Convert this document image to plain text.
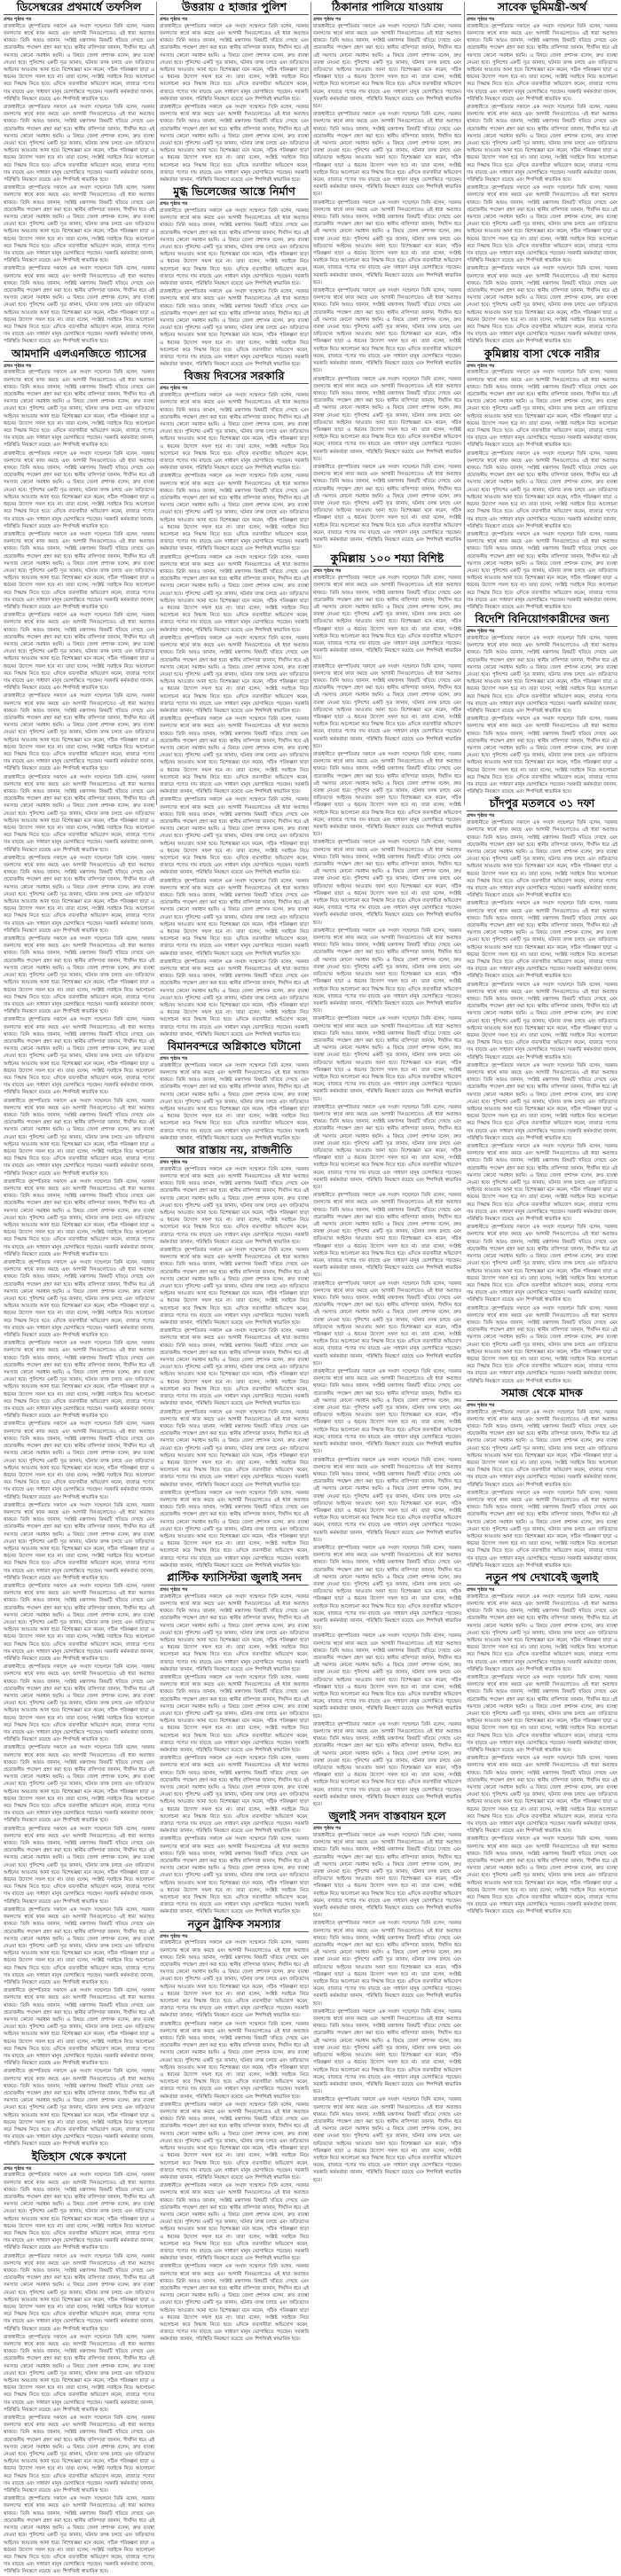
ডিসেম্বরের প্রথমার্ধে তফসিল
প্রথম পৃষ্ঠার পর

রাজধানীতে বৃহস্পতিবার সকালে এক সংবাদ সম্মেলনে তিনি বলেন, সরকার জনগণের স্বার্থে কাজ করছে এবং আগামী দিনগুলোতেও এই ধারা অব্যাহত থাকবে। তিনি আরও জানান, সংশ্লিষ্ট মন্ত্রণালয় বিষয়টি খতিয়ে দেখছে এবং প্রয়োজনীয় পদক্ষেপ গ্রহণ করা হবে। স্থানীয় বাসিন্দারা জানান, দীর্ঘদিন ধরে এই সমস্যার কোনো সমাধান হয়নি। এ বিষয়ে জেলা প্রশাসক বলেন, দ্রুত ব্যবস্থা নেওয়া হবে। পুলিশের একটি সূত্র জানায়, ঘটনার তদন্ত চলছে এবং জড়িতদের আইনের আওতায় আনা হবে। বিশেষজ্ঞরা মনে করেন, সঠিক পরিকল্পনা ছাড়া এ ধরনের উদ্যোগ সফল হবে না। তারা বলেন, সংশ্লিষ্ট সবাইকে নিয়ে আলোচনা করে সিদ্ধান্ত নিতে হবে। এদিকে ব্যবসায়ীরা অভিযোগ করেন, বাজারে পণ্যের দাম বাড়ছে এবং সাধারণ মানুষ ভোগান্তিতে পড়ছেন। সরকারি কর্মকর্তারা জানান, পরিস্থিতি নিয়ন্ত্রণে রয়েছে এবং শিগগিরই স্বাভাবিক হবে।

রাজধানীতে বৃহস্পতিবার সকালে এক সংবাদ সম্মেলনে তিনি বলেন, সরকার জনগণের স্বার্থে কাজ করছে এবং আগামী দিনগুলোতেও এই ধারা অব্যাহত থাকবে। তিনি আরও জানান, সংশ্লিষ্ট মন্ত্রণালয় বিষয়টি খতিয়ে দেখছে এবং প্রয়োজনীয় পদক্ষেপ গ্রহণ করা হবে। স্থানীয় বাসিন্দারা জানান, দীর্ঘদিন ধরে এই সমস্যার কোনো সমাধান হয়নি। এ বিষয়ে জেলা প্রশাসক বলেন, দ্রুত ব্যবস্থা নেওয়া হবে। পুলিশের একটি সূত্র জানায়, ঘটনার তদন্ত চলছে এবং জড়িতদের আইনের আওতায় আনা হবে। বিশেষজ্ঞরা মনে করেন, সঠিক পরিকল্পনা ছাড়া এ ধরনের উদ্যোগ সফল হবে না। তারা বলেন, সংশ্লিষ্ট সবাইকে নিয়ে আলোচনা করে সিদ্ধান্ত নিতে হবে। এদিকে ব্যবসায়ীরা অভিযোগ করেন, বাজারে পণ্যের দাম বাড়ছে এবং সাধারণ মানুষ ভোগান্তিতে পড়ছেন। সরকারি কর্মকর্তারা জানান, পরিস্থিতি নিয়ন্ত্রণে রয়েছে এবং শিগগিরই স্বাভাবিক হবে।

রাজধানীতে বৃহস্পতিবার সকালে এক সংবাদ সম্মেলনে তিনি বলেন, সরকার জনগণের স্বার্থে কাজ করছে এবং আগামী দিনগুলোতেও এই ধারা অব্যাহত থাকবে। তিনি আরও জানান, সংশ্লিষ্ট মন্ত্রণালয় বিষয়টি খতিয়ে দেখছে এবং প্রয়োজনীয় পদক্ষেপ গ্রহণ করা হবে। স্থানীয় বাসিন্দারা জানান, দীর্ঘদিন ধরে এই সমস্যার কোনো সমাধান হয়নি। এ বিষয়ে জেলা প্রশাসক বলেন, দ্রুত ব্যবস্থা নেওয়া হবে। পুলিশের একটি সূত্র জানায়, ঘটনার তদন্ত চলছে এবং জড়িতদের আইনের আওতায় আনা হবে। বিশেষজ্ঞরা মনে করেন, সঠিক পরিকল্পনা ছাড়া এ ধরনের উদ্যোগ সফল হবে না। তারা বলেন, সংশ্লিষ্ট সবাইকে নিয়ে আলোচনা করে সিদ্ধান্ত নিতে হবে। এদিকে ব্যবসায়ীরা অভিযোগ করেন, বাজারে পণ্যের দাম বাড়ছে এবং সাধারণ মানুষ ভোগান্তিতে পড়ছেন। সরকারি কর্মকর্তারা জানান, পরিস্থিতি নিয়ন্ত্রণে রয়েছে এবং শিগগিরই স্বাভাবিক হবে।

রাজধানীতে বৃহস্পতিবার সকালে এক সংবাদ সম্মেলনে তিনি বলেন, সরকার জনগণের স্বার্থে কাজ করছে এবং আগামী দিনগুলোতেও এই ধারা অব্যাহত থাকবে। তিনি আরও জানান, সংশ্লিষ্ট মন্ত্রণালয় বিষয়টি খতিয়ে দেখছে এবং প্রয়োজনীয় পদক্ষেপ গ্রহণ করা হবে। স্থানীয় বাসিন্দারা জানান, দীর্ঘদিন ধরে এই সমস্যার কোনো সমাধান হয়নি। এ বিষয়ে জেলা প্রশাসক বলেন, দ্রুত ব্যবস্থা নেওয়া হবে। পুলিশের একটি সূত্র জানায়, ঘটনার তদন্ত চলছে এবং জড়িতদের আইনের আওতায় আনা হবে। বিশেষজ্ঞরা মনে করেন, সঠিক পরিকল্পনা ছাড়া এ ধরনের উদ্যোগ সফল হবে না। তারা বলেন, সংশ্লিষ্ট সবাইকে নিয়ে আলোচনা করে সিদ্ধান্ত নিতে হবে। এদিকে ব্যবসায়ীরা অভিযোগ করেন, বাজারে পণ্যের দাম বাড়ছে এবং সাধারণ মানুষ ভোগান্তিতে পড়ছেন। সরকারি কর্মকর্তারা জানান, পরিস্থিতি নিয়ন্ত্রণে রয়েছে এবং শিগগিরই স্বাভাবিক হবে।

আমদানি এলএনজিতে গ্যাসের
প্রথম পৃষ্ঠার পর

রাজধানীতে বৃহস্পতিবার সকালে এক সংবাদ সম্মেলনে তিনি বলেন, সরকার জনগণের স্বার্থে কাজ করছে এবং আগামী দিনগুলোতেও এই ধারা অব্যাহত থাকবে। তিনি আরও জানান, সংশ্লিষ্ট মন্ত্রণালয় বিষয়টি খতিয়ে দেখছে এবং প্রয়োজনীয় পদক্ষেপ গ্রহণ করা হবে। স্থানীয় বাসিন্দারা জানান, দীর্ঘদিন ধরে এই সমস্যার কোনো সমাধান হয়নি। এ বিষয়ে জেলা প্রশাসক বলেন, দ্রুত ব্যবস্থা নেওয়া হবে। পুলিশের একটি সূত্র জানায়, ঘটনার তদন্ত চলছে এবং জড়িতদের আইনের আওতায় আনা হবে। বিশেষজ্ঞরা মনে করেন, সঠিক পরিকল্পনা ছাড়া এ ধরনের উদ্যোগ সফল হবে না। তারা বলেন, সংশ্লিষ্ট সবাইকে নিয়ে আলোচনা করে সিদ্ধান্ত নিতে হবে। এদিকে ব্যবসায়ীরা অভিযোগ করেন, বাজারে পণ্যের দাম বাড়ছে এবং সাধারণ মানুষ ভোগান্তিতে পড়ছেন। সরকারি কর্মকর্তারা জানান, পরিস্থিতি নিয়ন্ত্রণে রয়েছে এবং শিগগিরই স্বাভাবিক হবে।

রাজধানীতে বৃহস্পতিবার সকালে এক সংবাদ সম্মেলনে তিনি বলেন, সরকার জনগণের স্বার্থে কাজ করছে এবং আগামী দিনগুলোতেও এই ধারা অব্যাহত থাকবে। তিনি আরও জানান, সংশ্লিষ্ট মন্ত্রণালয় বিষয়টি খতিয়ে দেখছে এবং প্রয়োজনীয় পদক্ষেপ গ্রহণ করা হবে। স্থানীয় বাসিন্দারা জানান, দীর্ঘদিন ধরে এই সমস্যার কোনো সমাধান হয়নি। এ বিষয়ে জেলা প্রশাসক বলেন, দ্রুত ব্যবস্থা নেওয়া হবে। পুলিশের একটি সূত্র জানায়, ঘটনার তদন্ত চলছে এবং জড়িতদের আইনের আওতায় আনা হবে। বিশেষজ্ঞরা মনে করেন, সঠিক পরিকল্পনা ছাড়া এ ধরনের উদ্যোগ সফল হবে না। তারা বলেন, সংশ্লিষ্ট সবাইকে নিয়ে আলোচনা করে সিদ্ধান্ত নিতে হবে। এদিকে ব্যবসায়ীরা অভিযোগ করেন, বাজারে পণ্যের দাম বাড়ছে এবং সাধারণ মানুষ ভোগান্তিতে পড়ছেন। সরকারি কর্মকর্তারা জানান, পরিস্থিতি নিয়ন্ত্রণে রয়েছে এবং শিগগিরই স্বাভাবিক হবে।

রাজধানীতে বৃহস্পতিবার সকালে এক সংবাদ সম্মেলনে তিনি বলেন, সরকার জনগণের স্বার্থে কাজ করছে এবং আগামী দিনগুলোতেও এই ধারা অব্যাহত থাকবে। তিনি আরও জানান, সংশ্লিষ্ট মন্ত্রণালয় বিষয়টি খতিয়ে দেখছে এবং প্রয়োজনীয় পদক্ষেপ গ্রহণ করা হবে। স্থানীয় বাসিন্দারা জানান, দীর্ঘদিন ধরে এই সমস্যার কোনো সমাধান হয়নি। এ বিষয়ে জেলা প্রশাসক বলেন, দ্রুত ব্যবস্থা নেওয়া হবে। পুলিশের একটি সূত্র জানায়, ঘটনার তদন্ত চলছে এবং জড়িতদের আইনের আওতায় আনা হবে। বিশেষজ্ঞরা মনে করেন, সঠিক পরিকল্পনা ছাড়া এ ধরনের উদ্যোগ সফল হবে না। তারা বলেন, সংশ্লিষ্ট সবাইকে নিয়ে আলোচনা করে সিদ্ধান্ত নিতে হবে। এদিকে ব্যবসায়ীরা অভিযোগ করেন, বাজারে পণ্যের দাম বাড়ছে এবং সাধারণ মানুষ ভোগান্তিতে পড়ছেন। সরকারি কর্মকর্তারা জানান, পরিস্থিতি নিয়ন্ত্রণে রয়েছে এবং শিগগিরই স্বাভাবিক হবে।

রাজধানীতে বৃহস্পতিবার সকালে এক সংবাদ সম্মেলনে তিনি বলেন, সরকার জনগণের স্বার্থে কাজ করছে এবং আগামী দিনগুলোতেও এই ধারা অব্যাহত থাকবে। তিনি আরও জানান, সংশ্লিষ্ট মন্ত্রণালয় বিষয়টি খতিয়ে দেখছে এবং প্রয়োজনীয় পদক্ষেপ গ্রহণ করা হবে। স্থানীয় বাসিন্দারা জানান, দীর্ঘদিন ধরে এই সমস্যার কোনো সমাধান হয়নি। এ বিষয়ে জেলা প্রশাসক বলেন, দ্রুত ব্যবস্থা নেওয়া হবে। পুলিশের একটি সূত্র জানায়, ঘটনার তদন্ত চলছে এবং জড়িতদের আইনের আওতায় আনা হবে। বিশেষজ্ঞরা মনে করেন, সঠিক পরিকল্পনা ছাড়া এ ধরনের উদ্যোগ সফল হবে না। তারা বলেন, সংশ্লিষ্ট সবাইকে নিয়ে আলোচনা করে সিদ্ধান্ত নিতে হবে। এদিকে ব্যবসায়ীরা অভিযোগ করেন, বাজারে পণ্যের দাম বাড়ছে এবং সাধারণ মানুষ ভোগান্তিতে পড়ছেন। সরকারি কর্মকর্তারা জানান, পরিস্থিতি নিয়ন্ত্রণে রয়েছে এবং শিগগিরই স্বাভাবিক হবে।

রাজধানীতে বৃহস্পতিবার সকালে এক সংবাদ সম্মেলনে তিনি বলেন, সরকার জনগণের স্বার্থে কাজ করছে এবং আগামী দিনগুলোতেও এই ধারা অব্যাহত থাকবে। তিনি আরও জানান, সংশ্লিষ্ট মন্ত্রণালয় বিষয়টি খতিয়ে দেখছে এবং প্রয়োজনীয় পদক্ষেপ গ্রহণ করা হবে। স্থানীয় বাসিন্দারা জানান, দীর্ঘদিন ধরে এই সমস্যার কোনো সমাধান হয়নি। এ বিষয়ে জেলা প্রশাসক বলেন, দ্রুত ব্যবস্থা নেওয়া হবে। পুলিশের একটি সূত্র জানায়, ঘটনার তদন্ত চলছে এবং জড়িতদের আইনের আওতায় আনা হবে। বিশেষজ্ঞরা মনে করেন, সঠিক পরিকল্পনা ছাড়া এ ধরনের উদ্যোগ সফল হবে না। তারা বলেন, সংশ্লিষ্ট সবাইকে নিয়ে আলোচনা করে সিদ্ধান্ত নিতে হবে। এদিকে ব্যবসায়ীরা অভিযোগ করেন, বাজারে পণ্যের দাম বাড়ছে এবং সাধারণ মানুষ ভোগান্তিতে পড়ছেন। সরকারি কর্মকর্তারা জানান, পরিস্থিতি নিয়ন্ত্রণে রয়েছে এবং শিগগিরই স্বাভাবিক হবে।

রাজধানীতে বৃহস্পতিবার সকালে এক সংবাদ সম্মেলনে তিনি বলেন, সরকার জনগণের স্বার্থে কাজ করছে এবং আগামী দিনগুলোতেও এই ধারা অব্যাহত থাকবে। তিনি আরও জানান, সংশ্লিষ্ট মন্ত্রণালয় বিষয়টি খতিয়ে দেখছে এবং প্রয়োজনীয় পদক্ষেপ গ্রহণ করা হবে। স্থানীয় বাসিন্দারা জানান, দীর্ঘদিন ধরে এই সমস্যার কোনো সমাধান হয়নি। এ বিষয়ে জেলা প্রশাসক বলেন, দ্রুত ব্যবস্থা নেওয়া হবে। পুলিশের একটি সূত্র জানায়, ঘটনার তদন্ত চলছে এবং জড়িতদের আইনের আওতায় আনা হবে। বিশেষজ্ঞরা মনে করেন, সঠিক পরিকল্পনা ছাড়া এ ধরনের উদ্যোগ সফল হবে না। তারা বলেন, সংশ্লিষ্ট সবাইকে নিয়ে আলোচনা করে সিদ্ধান্ত নিতে হবে। এদিকে ব্যবসায়ীরা অভিযোগ করেন, বাজারে পণ্যের দাম বাড়ছে এবং সাধারণ মানুষ ভোগান্তিতে পড়ছেন। সরকারি কর্মকর্তারা জানান, পরিস্থিতি নিয়ন্ত্রণে রয়েছে এবং শিগগিরই স্বাভাবিক হবে।

রাজধানীতে বৃহস্পতিবার সকালে এক সংবাদ সম্মেলনে তিনি বলেন, সরকার জনগণের স্বার্থে কাজ করছে এবং আগামী দিনগুলোতেও এই ধারা অব্যাহত থাকবে। তিনি আরও জানান, সংশ্লিষ্ট মন্ত্রণালয় বিষয়টি খতিয়ে দেখছে এবং প্রয়োজনীয় পদক্ষেপ গ্রহণ করা হবে। স্থানীয় বাসিন্দারা জানান, দীর্ঘদিন ধরে এই সমস্যার কোনো সমাধান হয়নি। এ বিষয়ে জেলা প্রশাসক বলেন, দ্রুত ব্যবস্থা নেওয়া হবে। পুলিশের একটি সূত্র জানায়, ঘটনার তদন্ত চলছে এবং জড়িতদের আইনের আওতায় আনা হবে। বিশেষজ্ঞরা মনে করেন, সঠিক পরিকল্পনা ছাড়া এ ধরনের উদ্যোগ সফল হবে না। তারা বলেন, সংশ্লিষ্ট সবাইকে নিয়ে আলোচনা করে সিদ্ধান্ত নিতে হবে। এদিকে ব্যবসায়ীরা অভিযোগ করেন, বাজারে পণ্যের দাম বাড়ছে এবং সাধারণ মানুষ ভোগান্তিতে পড়ছেন। সরকারি কর্মকর্তারা জানান, পরিস্থিতি নিয়ন্ত্রণে রয়েছে এবং শিগগিরই স্বাভাবিক হবে।

রাজধানীতে বৃহস্পতিবার সকালে এক সংবাদ সম্মেলনে তিনি বলেন, সরকার জনগণের স্বার্থে কাজ করছে এবং আগামী দিনগুলোতেও এই ধারা অব্যাহত থাকবে। তিনি আরও জানান, সংশ্লিষ্ট মন্ত্রণালয় বিষয়টি খতিয়ে দেখছে এবং প্রয়োজনীয় পদক্ষেপ গ্রহণ করা হবে। স্থানীয় বাসিন্দারা জানান, দীর্ঘদিন ধরে এই সমস্যার কোনো সমাধান হয়নি। এ বিষয়ে জেলা প্রশাসক বলেন, দ্রুত ব্যবস্থা নেওয়া হবে। পুলিশের একটি সূত্র জানায়, ঘটনার তদন্ত চলছে এবং জড়িতদের আইনের আওতায় আনা হবে। বিশেষজ্ঞরা মনে করেন, সঠিক পরিকল্পনা ছাড়া এ ধরনের উদ্যোগ সফল হবে না। তারা বলেন, সংশ্লিষ্ট সবাইকে নিয়ে আলোচনা করে সিদ্ধান্ত নিতে হবে। এদিকে ব্যবসায়ীরা অভিযোগ করেন, বাজারে পণ্যের দাম বাড়ছে এবং সাধারণ মানুষ ভোগান্তিতে পড়ছেন। সরকারি কর্মকর্তারা জানান, পরিস্থিতি নিয়ন্ত্রণে রয়েছে এবং শিগগিরই স্বাভাবিক হবে।

রাজধানীতে বৃহস্পতিবার সকালে এক সংবাদ সম্মেলনে তিনি বলেন, সরকার জনগণের স্বার্থে কাজ করছে এবং আগামী দিনগুলোতেও এই ধারা অব্যাহত থাকবে। তিনি আরও জানান, সংশ্লিষ্ট মন্ত্রণালয় বিষয়টি খতিয়ে দেখছে এবং প্রয়োজনীয় পদক্ষেপ গ্রহণ করা হবে। স্থানীয় বাসিন্দারা জানান, দীর্ঘদিন ধরে এই সমস্যার কোনো সমাধান হয়নি। এ বিষয়ে জেলা প্রশাসক বলেন, দ্রুত ব্যবস্থা নেওয়া হবে। পুলিশের একটি সূত্র জানায়, ঘটনার তদন্ত চলছে এবং জড়িতদের আইনের আওতায় আনা হবে। বিশেষজ্ঞরা মনে করেন, সঠিক পরিকল্পনা ছাড়া এ ধরনের উদ্যোগ সফল হবে না। তারা বলেন, সংশ্লিষ্ট সবাইকে নিয়ে আলোচনা করে সিদ্ধান্ত নিতে হবে। এদিকে ব্যবসায়ীরা অভিযোগ করেন, বাজারে পণ্যের দাম বাড়ছে এবং সাধারণ মানুষ ভোগান্তিতে পড়ছেন। সরকারি কর্মকর্তারা জানান, পরিস্থিতি নিয়ন্ত্রণে রয়েছে এবং শিগগিরই স্বাভাবিক হবে।

রাজধানীতে বৃহস্পতিবার সকালে এক সংবাদ সম্মেলনে তিনি বলেন, সরকার জনগণের স্বার্থে কাজ করছে এবং আগামী দিনগুলোতেও এই ধারা অব্যাহত থাকবে। তিনি আরও জানান, সংশ্লিষ্ট মন্ত্রণালয় বিষয়টি খতিয়ে দেখছে এবং প্রয়োজনীয় পদক্ষেপ গ্রহণ করা হবে। স্থানীয় বাসিন্দারা জানান, দীর্ঘদিন ধরে এই সমস্যার কোনো সমাধান হয়নি। এ বিষয়ে জেলা প্রশাসক বলেন, দ্রুত ব্যবস্থা নেওয়া হবে। পুলিশের একটি সূত্র জানায়, ঘটনার তদন্ত চলছে এবং জড়িতদের আইনের আওতায় আনা হবে। বিশেষজ্ঞরা মনে করেন, সঠিক পরিকল্পনা ছাড়া এ ধরনের উদ্যোগ সফল হবে না। তারা বলেন, সংশ্লিষ্ট সবাইকে নিয়ে আলোচনা করে সিদ্ধান্ত নিতে হবে। এদিকে ব্যবসায়ীরা অভিযোগ করেন, বাজারে পণ্যের দাম বাড়ছে এবং সাধারণ মানুষ ভোগান্তিতে পড়ছেন। সরকারি কর্মকর্তারা জানান, পরিস্থিতি নিয়ন্ত্রণে রয়েছে এবং শিগগিরই স্বাভাবিক হবে।

রাজধানীতে বৃহস্পতিবার সকালে এক সংবাদ সম্মেলনে তিনি বলেন, সরকার জনগণের স্বার্থে কাজ করছে এবং আগামী দিনগুলোতেও এই ধারা অব্যাহত থাকবে। তিনি আরও জানান, সংশ্লিষ্ট মন্ত্রণালয় বিষয়টি খতিয়ে দেখছে এবং প্রয়োজনীয় পদক্ষেপ গ্রহণ করা হবে। স্থানীয় বাসিন্দারা জানান, দীর্ঘদিন ধরে এই সমস্যার কোনো সমাধান হয়নি। এ বিষয়ে জেলা প্রশাসক বলেন, দ্রুত ব্যবস্থা নেওয়া হবে। পুলিশের একটি সূত্র জানায়, ঘটনার তদন্ত চলছে এবং জড়িতদের আইনের আওতায় আনা হবে। বিশেষজ্ঞরা মনে করেন, সঠিক পরিকল্পনা ছাড়া এ ধরনের উদ্যোগ সফল হবে না। তারা বলেন, সংশ্লিষ্ট সবাইকে নিয়ে আলোচনা করে সিদ্ধান্ত নিতে হবে। এদিকে ব্যবসায়ীরা অভিযোগ করেন, বাজারে পণ্যের দাম বাড়ছে এবং সাধারণ মানুষ ভোগান্তিতে পড়ছেন। সরকারি কর্মকর্তারা জানান, পরিস্থিতি নিয়ন্ত্রণে রয়েছে এবং শিগগিরই স্বাভাবিক হবে।

রাজধানীতে বৃহস্পতিবার সকালে এক সংবাদ সম্মেলনে তিনি বলেন, সরকার জনগণের স্বার্থে কাজ করছে এবং আগামী দিনগুলোতেও এই ধারা অব্যাহত থাকবে। তিনি আরও জানান, সংশ্লিষ্ট মন্ত্রণালয় বিষয়টি খতিয়ে দেখছে এবং প্রয়োজনীয় পদক্ষেপ গ্রহণ করা হবে। স্থানীয় বাসিন্দারা জানান, দীর্ঘদিন ধরে এই সমস্যার কোনো সমাধান হয়নি। এ বিষয়ে জেলা প্রশাসক বলেন, দ্রুত ব্যবস্থা নেওয়া হবে। পুলিশের একটি সূত্র জানায়, ঘটনার তদন্ত চলছে এবং জড়িতদের আইনের আওতায় আনা হবে। বিশেষজ্ঞরা মনে করেন, সঠিক পরিকল্পনা ছাড়া এ ধরনের উদ্যোগ সফল হবে না। তারা বলেন, সংশ্লিষ্ট সবাইকে নিয়ে আলোচনা করে সিদ্ধান্ত নিতে হবে। এদিকে ব্যবসায়ীরা অভিযোগ করেন, বাজারে পণ্যের দাম বাড়ছে এবং সাধারণ মানুষ ভোগান্তিতে পড়ছেন। সরকারি কর্মকর্তারা জানান, পরিস্থিতি নিয়ন্ত্রণে রয়েছে এবং শিগগিরই স্বাভাবিক হবে।

রাজধানীতে বৃহস্পতিবার সকালে এক সংবাদ সম্মেলনে তিনি বলেন, সরকার জনগণের স্বার্থে কাজ করছে এবং আগামী দিনগুলোতেও এই ধারা অব্যাহত থাকবে। তিনি আরও জানান, সংশ্লিষ্ট মন্ত্রণালয় বিষয়টি খতিয়ে দেখছে এবং প্রয়োজনীয় পদক্ষেপ গ্রহণ করা হবে। স্থানীয় বাসিন্দারা জানান, দীর্ঘদিন ধরে এই সমস্যার কোনো সমাধান হয়নি। এ বিষয়ে জেলা প্রশাসক বলেন, দ্রুত ব্যবস্থা নেওয়া হবে। পুলিশের একটি সূত্র জানায়, ঘটনার তদন্ত চলছে এবং জড়িতদের আইনের আওতায় আনা হবে। বিশেষজ্ঞরা মনে করেন, সঠিক পরিকল্পনা ছাড়া এ ধরনের উদ্যোগ সফল হবে না। তারা বলেন, সংশ্লিষ্ট সবাইকে নিয়ে আলোচনা করে সিদ্ধান্ত নিতে হবে। এদিকে ব্যবসায়ীরা অভিযোগ করেন, বাজারে পণ্যের দাম বাড়ছে এবং সাধারণ মানুষ ভোগান্তিতে পড়ছেন। সরকারি কর্মকর্তারা জানান, পরিস্থিতি নিয়ন্ত্রণে রয়েছে এবং শিগগিরই স্বাভাবিক হবে।

রাজধানীতে বৃহস্পতিবার সকালে এক সংবাদ সম্মেলনে তিনি বলেন, সরকার জনগণের স্বার্থে কাজ করছে এবং আগামী দিনগুলোতেও এই ধারা অব্যাহত থাকবে। তিনি আরও জানান, সংশ্লিষ্ট মন্ত্রণালয় বিষয়টি খতিয়ে দেখছে এবং প্রয়োজনীয় পদক্ষেপ গ্রহণ করা হবে। স্থানীয় বাসিন্দারা জানান, দীর্ঘদিন ধরে এই সমস্যার কোনো সমাধান হয়নি। এ বিষয়ে জেলা প্রশাসক বলেন, দ্রুত ব্যবস্থা নেওয়া হবে। পুলিশের একটি সূত্র জানায়, ঘটনার তদন্ত চলছে এবং জড়িতদের আইনের আওতায় আনা হবে। বিশেষজ্ঞরা মনে করেন, সঠিক পরিকল্পনা ছাড়া এ ধরনের উদ্যোগ সফল হবে না। তারা বলেন, সংশ্লিষ্ট সবাইকে নিয়ে আলোচনা করে সিদ্ধান্ত নিতে হবে। এদিকে ব্যবসায়ীরা অভিযোগ করেন, বাজারে পণ্যের দাম বাড়ছে এবং সাধারণ মানুষ ভোগান্তিতে পড়ছেন। সরকারি কর্মকর্তারা জানান, পরিস্থিতি নিয়ন্ত্রণে রয়েছে এবং শিগগিরই স্বাভাবিক হবে।

রাজধানীতে বৃহস্পতিবার সকালে এক সংবাদ সম্মেলনে তিনি বলেন, সরকার জনগণের স্বার্থে কাজ করছে এবং আগামী দিনগুলোতেও এই ধারা অব্যাহত থাকবে। তিনি আরও জানান, সংশ্লিষ্ট মন্ত্রণালয় বিষয়টি খতিয়ে দেখছে এবং প্রয়োজনীয় পদক্ষেপ গ্রহণ করা হবে। স্থানীয় বাসিন্দারা জানান, দীর্ঘদিন ধরে এই সমস্যার কোনো সমাধান হয়নি। এ বিষয়ে জেলা প্রশাসক বলেন, দ্রুত ব্যবস্থা নেওয়া হবে। পুলিশের একটি সূত্র জানায়, ঘটনার তদন্ত চলছে এবং জড়িতদের আইনের আওতায় আনা হবে। বিশেষজ্ঞরা মনে করেন, সঠিক পরিকল্পনা ছাড়া এ ধরনের উদ্যোগ সফল হবে না। তারা বলেন, সংশ্লিষ্ট সবাইকে নিয়ে আলোচনা করে সিদ্ধান্ত নিতে হবে। এদিকে ব্যবসায়ীরা অভিযোগ করেন, বাজারে পণ্যের দাম বাড়ছে এবং সাধারণ মানুষ ভোগান্তিতে পড়ছেন। সরকারি কর্মকর্তারা জানান, পরিস্থিতি নিয়ন্ত্রণে রয়েছে এবং শিগগিরই স্বাভাবিক হবে।

রাজধানীতে বৃহস্পতিবার সকালে এক সংবাদ সম্মেলনে তিনি বলেন, সরকার জনগণের স্বার্থে কাজ করছে এবং আগামী দিনগুলোতেও এই ধারা অব্যাহত থাকবে। তিনি আরও জানান, সংশ্লিষ্ট মন্ত্রণালয় বিষয়টি খতিয়ে দেখছে এবং প্রয়োজনীয় পদক্ষেপ গ্রহণ করা হবে। স্থানীয় বাসিন্দারা জানান, দীর্ঘদিন ধরে এই সমস্যার কোনো সমাধান হয়নি। এ বিষয়ে জেলা প্রশাসক বলেন, দ্রুত ব্যবস্থা নেওয়া হবে। পুলিশের একটি সূত্র জানায়, ঘটনার তদন্ত চলছে এবং জড়িতদের আইনের আওতায় আনা হবে। বিশেষজ্ঞরা মনে করেন, সঠিক পরিকল্পনা ছাড়া এ ধরনের উদ্যোগ সফল হবে না। তারা বলেন, সংশ্লিষ্ট সবাইকে নিয়ে আলোচনা করে সিদ্ধান্ত নিতে হবে। এদিকে ব্যবসায়ীরা অভিযোগ করেন, বাজারে পণ্যের দাম বাড়ছে এবং সাধারণ মানুষ ভোগান্তিতে পড়ছেন। সরকারি কর্মকর্তারা জানান, পরিস্থিতি নিয়ন্ত্রণে রয়েছে এবং শিগগিরই স্বাভাবিক হবে।

রাজধানীতে বৃহস্পতিবার সকালে এক সংবাদ সম্মেলনে তিনি বলেন, সরকার জনগণের স্বার্থে কাজ করছে এবং আগামী দিনগুলোতেও এই ধারা অব্যাহত থাকবে। তিনি আরও জানান, সংশ্লিষ্ট মন্ত্রণালয় বিষয়টি খতিয়ে দেখছে এবং প্রয়োজনীয় পদক্ষেপ গ্রহণ করা হবে। স্থানীয় বাসিন্দারা জানান, দীর্ঘদিন ধরে এই সমস্যার কোনো সমাধান হয়নি। এ বিষয়ে জেলা প্রশাসক বলেন, দ্রুত ব্যবস্থা নেওয়া হবে। পুলিশের একটি সূত্র জানায়, ঘটনার তদন্ত চলছে এবং জড়িতদের আইনের আওতায় আনা হবে। বিশেষজ্ঞরা মনে করেন, সঠিক পরিকল্পনা ছাড়া এ ধরনের উদ্যোগ সফল হবে না। তারা বলেন, সংশ্লিষ্ট সবাইকে নিয়ে আলোচনা করে সিদ্ধান্ত নিতে হবে। এদিকে ব্যবসায়ীরা অভিযোগ করেন, বাজারে পণ্যের দাম বাড়ছে এবং সাধারণ মানুষ ভোগান্তিতে পড়ছেন। সরকারি কর্মকর্তারা জানান, পরিস্থিতি নিয়ন্ত্রণে রয়েছে এবং শিগগিরই স্বাভাবিক হবে।

রাজধানীতে বৃহস্পতিবার সকালে এক সংবাদ সম্মেলনে তিনি বলেন, সরকার জনগণের স্বার্থে কাজ করছে এবং আগামী দিনগুলোতেও এই ধারা অব্যাহত থাকবে। তিনি আরও জানান, সংশ্লিষ্ট মন্ত্রণালয় বিষয়টি খতিয়ে দেখছে এবং প্রয়োজনীয় পদক্ষেপ গ্রহণ করা হবে। স্থানীয় বাসিন্দারা জানান, দীর্ঘদিন ধরে এই সমস্যার কোনো সমাধান হয়নি। এ বিষয়ে জেলা প্রশাসক বলেন, দ্রুত ব্যবস্থা নেওয়া হবে। পুলিশের একটি সূত্র জানায়, ঘটনার তদন্ত চলছে এবং জড়িতদের আইনের আওতায় আনা হবে। বিশেষজ্ঞরা মনে করেন, সঠিক পরিকল্পনা ছাড়া এ ধরনের উদ্যোগ সফল হবে না। তারা বলেন, সংশ্লিষ্ট সবাইকে নিয়ে আলোচনা করে সিদ্ধান্ত নিতে হবে। এদিকে ব্যবসায়ীরা অভিযোগ করেন, বাজারে পণ্যের দাম বাড়ছে এবং সাধারণ মানুষ ভোগান্তিতে পড়ছেন। সরকারি কর্মকর্তারা জানান, পরিস্থিতি নিয়ন্ত্রণে রয়েছে এবং শিগগিরই স্বাভাবিক হবে।

রাজধানীতে বৃহস্পতিবার সকালে এক সংবাদ সম্মেলনে তিনি বলেন, সরকার জনগণের স্বার্থে কাজ করছে এবং আগামী দিনগুলোতেও এই ধারা অব্যাহত থাকবে। তিনি আরও জানান, সংশ্লিষ্ট মন্ত্রণালয় বিষয়টি খতিয়ে দেখছে এবং প্রয়োজনীয় পদক্ষেপ গ্রহণ করা হবে। স্থানীয় বাসিন্দারা জানান, দীর্ঘদিন ধরে এই সমস্যার কোনো সমাধান হয়নি। এ বিষয়ে জেলা প্রশাসক বলেন, দ্রুত ব্যবস্থা নেওয়া হবে। পুলিশের একটি সূত্র জানায়, ঘটনার তদন্ত চলছে এবং জড়িতদের আইনের আওতায় আনা হবে। বিশেষজ্ঞরা মনে করেন, সঠিক পরিকল্পনা ছাড়া এ ধরনের উদ্যোগ সফল হবে না। তারা বলেন, সংশ্লিষ্ট সবাইকে নিয়ে আলোচনা করে সিদ্ধান্ত নিতে হবে। এদিকে ব্যবসায়ীরা অভিযোগ করেন, বাজারে পণ্যের দাম বাড়ছে এবং সাধারণ মানুষ ভোগান্তিতে পড়ছেন। সরকারি কর্মকর্তারা জানান, পরিস্থিতি নিয়ন্ত্রণে রয়েছে এবং শিগগিরই স্বাভাবিক হবে।

রাজধানীতে বৃহস্পতিবার সকালে এক সংবাদ সম্মেলনে তিনি বলেন, সরকার জনগণের স্বার্থে কাজ করছে এবং আগামী দিনগুলোতেও এই ধারা অব্যাহত থাকবে। তিনি আরও জানান, সংশ্লিষ্ট মন্ত্রণালয় বিষয়টি খতিয়ে দেখছে এবং প্রয়োজনীয় পদক্ষেপ গ্রহণ করা হবে। স্থানীয় বাসিন্দারা জানান, দীর্ঘদিন ধরে এই সমস্যার কোনো সমাধান হয়নি। এ বিষয়ে জেলা প্রশাসক বলেন, দ্রুত ব্যবস্থা নেওয়া হবে। পুলিশের একটি সূত্র জানায়, ঘটনার তদন্ত চলছে এবং জড়িতদের আইনের আওতায় আনা হবে। বিশেষজ্ঞরা মনে করেন, সঠিক পরিকল্পনা ছাড়া এ ধরনের উদ্যোগ সফল হবে না। তারা বলেন, সংশ্লিষ্ট সবাইকে নিয়ে আলোচনা করে সিদ্ধান্ত নিতে হবে। এদিকে ব্যবসায়ীরা অভিযোগ করেন, বাজারে পণ্যের দাম বাড়ছে এবং সাধারণ মানুষ ভোগান্তিতে পড়ছেন। সরকারি কর্মকর্তারা জানান, পরিস্থিতি নিয়ন্ত্রণে রয়েছে এবং শিগগিরই স্বাভাবিক হবে।

রাজধানীতে বৃহস্পতিবার সকালে এক সংবাদ সম্মেলনে তিনি বলেন, সরকার জনগণের স্বার্থে কাজ করছে এবং আগামী দিনগুলোতেও এই ধারা অব্যাহত থাকবে। তিনি আরও জানান, সংশ্লিষ্ট মন্ত্রণালয় বিষয়টি খতিয়ে দেখছে এবং প্রয়োজনীয় পদক্ষেপ গ্রহণ করা হবে। স্থানীয় বাসিন্দারা জানান, দীর্ঘদিন ধরে এই সমস্যার কোনো সমাধান হয়নি। এ বিষয়ে জেলা প্রশাসক বলেন, দ্রুত ব্যবস্থা নেওয়া হবে। পুলিশের একটি সূত্র জানায়, ঘটনার তদন্ত চলছে এবং জড়িতদের আইনের আওতায় আনা হবে। বিশেষজ্ঞরা মনে করেন, সঠিক পরিকল্পনা ছাড়া এ ধরনের উদ্যোগ সফল হবে না। তারা বলেন, সংশ্লিষ্ট সবাইকে নিয়ে আলোচনা করে সিদ্ধান্ত নিতে হবে। এদিকে ব্যবসায়ীরা অভিযোগ করেন, বাজারে পণ্যের দাম বাড়ছে এবং সাধারণ মানুষ ভোগান্তিতে পড়ছেন। সরকারি কর্মকর্তারা জানান, পরিস্থিতি নিয়ন্ত্রণে রয়েছে এবং শিগগিরই স্বাভাবিক হবে।

রাজধানীতে বৃহস্পতিবার সকালে এক সংবাদ সম্মেলনে তিনি বলেন, সরকার জনগণের স্বার্থে কাজ করছে এবং আগামী দিনগুলোতেও এই ধারা অব্যাহত থাকবে। তিনি আরও জানান, সংশ্লিষ্ট মন্ত্রণালয় বিষয়টি খতিয়ে দেখছে এবং প্রয়োজনীয় পদক্ষেপ গ্রহণ করা হবে। স্থানীয় বাসিন্দারা জানান, দীর্ঘদিন ধরে এই সমস্যার কোনো সমাধান হয়নি। এ বিষয়ে জেলা প্রশাসক বলেন, দ্রুত ব্যবস্থা নেওয়া হবে। পুলিশের একটি সূত্র জানায়, ঘটনার তদন্ত চলছে এবং জড়িতদের আইনের আওতায় আনা হবে। বিশেষজ্ঞরা মনে করেন, সঠিক পরিকল্পনা ছাড়া এ ধরনের উদ্যোগ সফল হবে না। তারা বলেন, সংশ্লিষ্ট সবাইকে নিয়ে আলোচনা করে সিদ্ধান্ত নিতে হবে। এদিকে ব্যবসায়ীরা অভিযোগ করেন, বাজারে পণ্যের দাম বাড়ছে এবং সাধারণ মানুষ ভোগান্তিতে পড়ছেন। সরকারি কর্মকর্তারা জানান, পরিস্থিতি নিয়ন্ত্রণে রয়েছে এবং শিগগিরই স্বাভাবিক হবে।

ইতিহাস থেকে কখনো
প্রথম পৃষ্ঠার পর

রাজধানীতে বৃহস্পতিবার সকালে এক সংবাদ সম্মেলনে তিনি বলেন, সরকার জনগণের স্বার্থে কাজ করছে এবং আগামী দিনগুলোতেও এই ধারা অব্যাহত থাকবে। তিনি আরও জানান, সংশ্লিষ্ট মন্ত্রণালয় বিষয়টি খতিয়ে দেখছে এবং প্রয়োজনীয় পদক্ষেপ গ্রহণ করা হবে। স্থানীয় বাসিন্দারা জানান, দীর্ঘদিন ধরে এই সমস্যার কোনো সমাধান হয়নি। এ বিষয়ে জেলা প্রশাসক বলেন, দ্রুত ব্যবস্থা নেওয়া হবে। পুলিশের একটি সূত্র জানায়, ঘটনার তদন্ত চলছে এবং জড়িতদের আইনের আওতায় আনা হবে। বিশেষজ্ঞরা মনে করেন, সঠিক পরিকল্পনা ছাড়া এ ধরনের উদ্যোগ সফল হবে না। তারা বলেন, সংশ্লিষ্ট সবাইকে নিয়ে আলোচনা করে সিদ্ধান্ত নিতে হবে। এদিকে ব্যবসায়ীরা অভিযোগ করেন, বাজারে পণ্যের দাম বাড়ছে এবং সাধারণ মানুষ ভোগান্তিতে পড়ছেন। সরকারি কর্মকর্তারা জানান, পরিস্থিতি নিয়ন্ত্রণে রয়েছে এবং শিগগিরই স্বাভাবিক হবে।

রাজধানীতে বৃহস্পতিবার সকালে এক সংবাদ সম্মেলনে তিনি বলেন, সরকার জনগণের স্বার্থে কাজ করছে এবং আগামী দিনগুলোতেও এই ধারা অব্যাহত থাকবে। তিনি আরও জানান, সংশ্লিষ্ট মন্ত্রণালয় বিষয়টি খতিয়ে দেখছে এবং প্রয়োজনীয় পদক্ষেপ গ্রহণ করা হবে। স্থানীয় বাসিন্দারা জানান, দীর্ঘদিন ধরে এই সমস্যার কোনো সমাধান হয়নি। এ বিষয়ে জেলা প্রশাসক বলেন, দ্রুত ব্যবস্থা নেওয়া হবে। পুলিশের একটি সূত্র জানায়, ঘটনার তদন্ত চলছে এবং জড়িতদের আইনের আওতায় আনা হবে। বিশেষজ্ঞরা মনে করেন, সঠিক পরিকল্পনা ছাড়া এ ধরনের উদ্যোগ সফল হবে না। তারা বলেন, সংশ্লিষ্ট সবাইকে নিয়ে আলোচনা করে সিদ্ধান্ত নিতে হবে। এদিকে ব্যবসায়ীরা অভিযোগ করেন, বাজারে পণ্যের দাম বাড়ছে এবং সাধারণ মানুষ ভোগান্তিতে পড়ছেন। সরকারি কর্মকর্তারা জানান, পরিস্থিতি নিয়ন্ত্রণে রয়েছে এবং শিগগিরই স্বাভাবিক হবে।

রাজধানীতে বৃহস্পতিবার সকালে এক সংবাদ সম্মেলনে তিনি বলেন, সরকার জনগণের স্বার্থে কাজ করছে এবং আগামী দিনগুলোতেও এই ধারা অব্যাহত থাকবে। তিনি আরও জানান, সংশ্লিষ্ট মন্ত্রণালয় বিষয়টি খতিয়ে দেখছে এবং প্রয়োজনীয় পদক্ষেপ গ্রহণ করা হবে। স্থানীয় বাসিন্দারা জানান, দীর্ঘদিন ধরে এই সমস্যার কোনো সমাধান হয়নি। এ বিষয়ে জেলা প্রশাসক বলেন, দ্রুত ব্যবস্থা নেওয়া হবে। পুলিশের একটি সূত্র জানায়, ঘটনার তদন্ত চলছে এবং জড়িতদের আইনের আওতায় আনা হবে। বিশেষজ্ঞরা মনে করেন, সঠিক পরিকল্পনা ছাড়া এ ধরনের উদ্যোগ সফল হবে না। তারা বলেন, সংশ্লিষ্ট সবাইকে নিয়ে আলোচনা করে সিদ্ধান্ত নিতে হবে। এদিকে ব্যবসায়ীরা অভিযোগ করেন, বাজারে পণ্যের দাম বাড়ছে এবং সাধারণ মানুষ ভোগান্তিতে পড়ছেন। সরকারি কর্মকর্তারা জানান, পরিস্থিতি নিয়ন্ত্রণে রয়েছে এবং শিগগিরই স্বাভাবিক হবে।

রাজধানীতে বৃহস্পতিবার সকালে এক সংবাদ সম্মেলনে তিনি বলেন, সরকার জনগণের স্বার্থে কাজ করছে এবং আগামী দিনগুলোতেও এই ধারা অব্যাহত থাকবে। তিনি আরও জানান, সংশ্লিষ্ট মন্ত্রণালয় বিষয়টি খতিয়ে দেখছে এবং প্রয়োজনীয় পদক্ষেপ গ্রহণ করা হবে। স্থানীয় বাসিন্দারা জানান, দীর্ঘদিন ধরে এই সমস্যার কোনো সমাধান হয়নি। এ বিষয়ে জেলা প্রশাসক বলেন, দ্রুত ব্যবস্থা নেওয়া হবে। পুলিশের একটি সূত্র জানায়, ঘটনার তদন্ত চলছে এবং জড়িতদের আইনের আওতায় আনা হবে। বিশেষজ্ঞরা মনে করেন, সঠিক পরিকল্পনা ছাড়া এ ধরনের উদ্যোগ সফল হবে না। তারা বলেন, সংশ্লিষ্ট সবাইকে নিয়ে আলোচনা করে সিদ্ধান্ত নিতে হবে। এদিকে ব্যবসায়ীরা অভিযোগ করেন, বাজারে পণ্যের দাম বাড়ছে এবং সাধারণ মানুষ ভোগান্তিতে পড়ছেন। সরকারি কর্মকর্তারা জানান, পরিস্থিতি নিয়ন্ত্রণে রয়েছে এবং শিগগিরই স্বাভাবিক হবে।

রাজধানীতে বৃহস্পতিবার সকালে এক সংবাদ সম্মেলনে তিনি বলেন, সরকার জনগণের স্বার্থে কাজ করছে এবং আগামী দিনগুলোতেও এই ধারা অব্যাহত থাকবে। তিনি আরও জানান, সংশ্লিষ্ট মন্ত্রণালয় বিষয়টি খতিয়ে দেখছে এবং প্রয়োজনীয় পদক্ষেপ গ্রহণ করা হবে। স্থানীয় বাসিন্দারা জানান, দীর্ঘদিন ধরে এই সমস্যার কোনো সমাধান হয়নি। এ বিষয়ে জেলা প্রশাসক বলেন, দ্রুত ব্যবস্থা নেওয়া হবে। পুলিশের একটি সূত্র জানায়, ঘটনার তদন্ত চলছে এবং জড়িতদের আইনের আওতায় আনা হবে। বিশেষজ্ঞরা মনে করেন, সঠিক পরিকল্পনা ছাড়া এ ধরনের উদ্যোগ সফল হবে না। তারা বলেন, সংশ্লিষ্ট সবাইকে নিয়ে আলোচনা করে সিদ্ধান্ত নিতে হবে। এদিকে ব্যবসায়ীরা অভিযোগ করেন, বাজারে পণ্যের দাম বাড়ছে এবং সাধারণ মানুষ ভোগান্তিতে পড়ছেন। সরকারি কর্মকর্তারা জানান, পরিস্থিতি নিয়ন্ত্রণে রয়েছে এবং শিগগিরই স্বাভাবিক হবে।

উত্তরায় ৫ হাজার পুলিশ
প্রথম পৃষ্ঠার পর

রাজধানীতে বৃহস্পতিবার সকালে এক সংবাদ সম্মেলনে তিনি বলেন, সরকার জনগণের স্বার্থে কাজ করছে এবং আগামী দিনগুলোতেও এই ধারা অব্যাহত থাকবে। তিনি আরও জানান, সংশ্লিষ্ট মন্ত্রণালয় বিষয়টি খতিয়ে দেখছে এবং প্রয়োজনীয় পদক্ষেপ গ্রহণ করা হবে। স্থানীয় বাসিন্দারা জানান, দীর্ঘদিন ধরে এই সমস্যার কোনো সমাধান হয়নি। এ বিষয়ে জেলা প্রশাসক বলেন, দ্রুত ব্যবস্থা নেওয়া হবে। পুলিশের একটি সূত্র জানায়, ঘটনার তদন্ত চলছে এবং জড়িতদের আইনের আওতায় আনা হবে। বিশেষজ্ঞরা মনে করেন, সঠিক পরিকল্পনা ছাড়া এ ধরনের উদ্যোগ সফল হবে না। তারা বলেন, সংশ্লিষ্ট সবাইকে নিয়ে আলোচনা করে সিদ্ধান্ত নিতে হবে। এদিকে ব্যবসায়ীরা অভিযোগ করেন, বাজারে পণ্যের দাম বাড়ছে এবং সাধারণ মানুষ ভোগান্তিতে পড়ছেন। সরকারি কর্মকর্তারা জানান, পরিস্থিতি নিয়ন্ত্রণে রয়েছে এবং শিগগিরই স্বাভাবিক হবে।

রাজধানীতে বৃহস্পতিবার সকালে এক সংবাদ সম্মেলনে তিনি বলেন, সরকার জনগণের স্বার্থে কাজ করছে এবং আগামী দিনগুলোতেও এই ধারা অব্যাহত থাকবে। তিনি আরও জানান, সংশ্লিষ্ট মন্ত্রণালয় বিষয়টি খতিয়ে দেখছে এবং প্রয়োজনীয় পদক্ষেপ গ্রহণ করা হবে। স্থানীয় বাসিন্দারা জানান, দীর্ঘদিন ধরে এই সমস্যার কোনো সমাধান হয়নি। এ বিষয়ে জেলা প্রশাসক বলেন, দ্রুত ব্যবস্থা নেওয়া হবে। পুলিশের একটি সূত্র জানায়, ঘটনার তদন্ত চলছে এবং জড়িতদের আইনের আওতায় আনা হবে। বিশেষজ্ঞরা মনে করেন, সঠিক পরিকল্পনা ছাড়া এ ধরনের উদ্যোগ সফল হবে না। তারা বলেন, সংশ্লিষ্ট সবাইকে নিয়ে আলোচনা করে সিদ্ধান্ত নিতে হবে। এদিকে ব্যবসায়ীরা অভিযোগ করেন, বাজারে পণ্যের দাম বাড়ছে এবং সাধারণ মানুষ ভোগান্তিতে পড়ছেন। সরকারি কর্মকর্তারা জানান, পরিস্থিতি নিয়ন্ত্রণে রয়েছে এবং শিগগিরই স্বাভাবিক হবে।

মুগ্ধ ভিলেজের আস্তে নির্মাণ
প্রথম পৃষ্ঠার পর

রাজধানীতে বৃহস্পতিবার সকালে এক সংবাদ সম্মেলনে তিনি বলেন, সরকার জনগণের স্বার্থে কাজ করছে এবং আগামী দিনগুলোতেও এই ধারা অব্যাহত থাকবে। তিনি আরও জানান, সংশ্লিষ্ট মন্ত্রণালয় বিষয়টি খতিয়ে দেখছে এবং প্রয়োজনীয় পদক্ষেপ গ্রহণ করা হবে। স্থানীয় বাসিন্দারা জানান, দীর্ঘদিন ধরে এই সমস্যার কোনো সমাধান হয়নি। এ বিষয়ে জেলা প্রশাসক বলেন, দ্রুত ব্যবস্থা নেওয়া হবে। পুলিশের একটি সূত্র জানায়, ঘটনার তদন্ত চলছে এবং জড়িতদের আইনের আওতায় আনা হবে। বিশেষজ্ঞরা মনে করেন, সঠিক পরিকল্পনা ছাড়া এ ধরনের উদ্যোগ সফল হবে না। তারা বলেন, সংশ্লিষ্ট সবাইকে নিয়ে আলোচনা করে সিদ্ধান্ত নিতে হবে। এদিকে ব্যবসায়ীরা অভিযোগ করেন, বাজারে পণ্যের দাম বাড়ছে এবং সাধারণ মানুষ ভোগান্তিতে পড়ছেন। সরকারি কর্মকর্তারা জানান, পরিস্থিতি নিয়ন্ত্রণে রয়েছে এবং শিগগিরই স্বাভাবিক হবে।

রাজধানীতে বৃহস্পতিবার সকালে এক সংবাদ সম্মেলনে তিনি বলেন, সরকার জনগণের স্বার্থে কাজ করছে এবং আগামী দিনগুলোতেও এই ধারা অব্যাহত থাকবে। তিনি আরও জানান, সংশ্লিষ্ট মন্ত্রণালয় বিষয়টি খতিয়ে দেখছে এবং প্রয়োজনীয় পদক্ষেপ গ্রহণ করা হবে। স্থানীয় বাসিন্দারা জানান, দীর্ঘদিন ধরে এই সমস্যার কোনো সমাধান হয়নি। এ বিষয়ে জেলা প্রশাসক বলেন, দ্রুত ব্যবস্থা নেওয়া হবে। পুলিশের একটি সূত্র জানায়, ঘটনার তদন্ত চলছে এবং জড়িতদের আইনের আওতায় আনা হবে। বিশেষজ্ঞরা মনে করেন, সঠিক পরিকল্পনা ছাড়া এ ধরনের উদ্যোগ সফল হবে না। তারা বলেন, সংশ্লিষ্ট সবাইকে নিয়ে আলোচনা করে সিদ্ধান্ত নিতে হবে। এদিকে ব্যবসায়ীরা অভিযোগ করেন, বাজারে পণ্যের দাম বাড়ছে এবং সাধারণ মানুষ ভোগান্তিতে পড়ছেন। সরকারি কর্মকর্তারা জানান, পরিস্থিতি নিয়ন্ত্রণে রয়েছে এবং শিগগিরই স্বাভাবিক হবে।

বিজয় দিবসের সরকারি
প্রথম পৃষ্ঠার পর

রাজধানীতে বৃহস্পতিবার সকালে এক সংবাদ সম্মেলনে তিনি বলেন, সরকার জনগণের স্বার্থে কাজ করছে এবং আগামী দিনগুলোতেও এই ধারা অব্যাহত থাকবে। তিনি আরও জানান, সংশ্লিষ্ট মন্ত্রণালয় বিষয়টি খতিয়ে দেখছে এবং প্রয়োজনীয় পদক্ষেপ গ্রহণ করা হবে। স্থানীয় বাসিন্দারা জানান, দীর্ঘদিন ধরে এই সমস্যার কোনো সমাধান হয়নি। এ বিষয়ে জেলা প্রশাসক বলেন, দ্রুত ব্যবস্থা নেওয়া হবে। পুলিশের একটি সূত্র জানায়, ঘটনার তদন্ত চলছে এবং জড়িতদের আইনের আওতায় আনা হবে। বিশেষজ্ঞরা মনে করেন, সঠিক পরিকল্পনা ছাড়া এ ধরনের উদ্যোগ সফল হবে না। তারা বলেন, সংশ্লিষ্ট সবাইকে নিয়ে আলোচনা করে সিদ্ধান্ত নিতে হবে। এদিকে ব্যবসায়ীরা অভিযোগ করেন, বাজারে পণ্যের দাম বাড়ছে এবং সাধারণ মানুষ ভোগান্তিতে পড়ছেন। সরকারি কর্মকর্তারা জানান, পরিস্থিতি নিয়ন্ত্রণে রয়েছে এবং শিগগিরই স্বাভাবিক হবে।

রাজধানীতে বৃহস্পতিবার সকালে এক সংবাদ সম্মেলনে তিনি বলেন, সরকার জনগণের স্বার্থে কাজ করছে এবং আগামী দিনগুলোতেও এই ধারা অব্যাহত থাকবে। তিনি আরও জানান, সংশ্লিষ্ট মন্ত্রণালয় বিষয়টি খতিয়ে দেখছে এবং প্রয়োজনীয় পদক্ষেপ গ্রহণ করা হবে। স্থানীয় বাসিন্দারা জানান, দীর্ঘদিন ধরে এই সমস্যার কোনো সমাধান হয়নি। এ বিষয়ে জেলা প্রশাসক বলেন, দ্রুত ব্যবস্থা নেওয়া হবে। পুলিশের একটি সূত্র জানায়, ঘটনার তদন্ত চলছে এবং জড়িতদের আইনের আওতায় আনা হবে। বিশেষজ্ঞরা মনে করেন, সঠিক পরিকল্পনা ছাড়া এ ধরনের উদ্যোগ সফল হবে না। তারা বলেন, সংশ্লিষ্ট সবাইকে নিয়ে আলোচনা করে সিদ্ধান্ত নিতে হবে। এদিকে ব্যবসায়ীরা অভিযোগ করেন, বাজারে পণ্যের দাম বাড়ছে এবং সাধারণ মানুষ ভোগান্তিতে পড়ছেন। সরকারি কর্মকর্তারা জানান, পরিস্থিতি নিয়ন্ত্রণে রয়েছে এবং শিগগিরই স্বাভাবিক হবে।

রাজধানীতে বৃহস্পতিবার সকালে এক সংবাদ সম্মেলনে তিনি বলেন, সরকার জনগণের স্বার্থে কাজ করছে এবং আগামী দিনগুলোতেও এই ধারা অব্যাহত থাকবে। তিনি আরও জানান, সংশ্লিষ্ট মন্ত্রণালয় বিষয়টি খতিয়ে দেখছে এবং প্রয়োজনীয় পদক্ষেপ গ্রহণ করা হবে। স্থানীয় বাসিন্দারা জানান, দীর্ঘদিন ধরে এই সমস্যার কোনো সমাধান হয়নি। এ বিষয়ে জেলা প্রশাসক বলেন, দ্রুত ব্যবস্থা নেওয়া হবে। পুলিশের একটি সূত্র জানায়, ঘটনার তদন্ত চলছে এবং জড়িতদের আইনের আওতায় আনা হবে। বিশেষজ্ঞরা মনে করেন, সঠিক পরিকল্পনা ছাড়া এ ধরনের উদ্যোগ সফল হবে না। তারা বলেন, সংশ্লিষ্ট সবাইকে নিয়ে আলোচনা করে সিদ্ধান্ত নিতে হবে। এদিকে ব্যবসায়ীরা অভিযোগ করেন, বাজারে পণ্যের দাম বাড়ছে এবং সাধারণ মানুষ ভোগান্তিতে পড়ছেন। সরকারি কর্মকর্তারা জানান, পরিস্থিতি নিয়ন্ত্রণে রয়েছে এবং শিগগিরই স্বাভাবিক হবে।

রাজধানীতে বৃহস্পতিবার সকালে এক সংবাদ সম্মেলনে তিনি বলেন, সরকার জনগণের স্বার্থে কাজ করছে এবং আগামী দিনগুলোতেও এই ধারা অব্যাহত থাকবে। তিনি আরও জানান, সংশ্লিষ্ট মন্ত্রণালয় বিষয়টি খতিয়ে দেখছে এবং প্রয়োজনীয় পদক্ষেপ গ্রহণ করা হবে। স্থানীয় বাসিন্দারা জানান, দীর্ঘদিন ধরে এই সমস্যার কোনো সমাধান হয়নি। এ বিষয়ে জেলা প্রশাসক বলেন, দ্রুত ব্যবস্থা নেওয়া হবে। পুলিশের একটি সূত্র জানায়, ঘটনার তদন্ত চলছে এবং জড়িতদের আইনের আওতায় আনা হবে। বিশেষজ্ঞরা মনে করেন, সঠিক পরিকল্পনা ছাড়া এ ধরনের উদ্যোগ সফল হবে না। তারা বলেন, সংশ্লিষ্ট সবাইকে নিয়ে আলোচনা করে সিদ্ধান্ত নিতে হবে। এদিকে ব্যবসায়ীরা অভিযোগ করেন, বাজারে পণ্যের দাম বাড়ছে এবং সাধারণ মানুষ ভোগান্তিতে পড়ছেন। সরকারি কর্মকর্তারা জানান, পরিস্থিতি নিয়ন্ত্রণে রয়েছে এবং শিগগিরই স্বাভাবিক হবে।

রাজধানীতে বৃহস্পতিবার সকালে এক সংবাদ সম্মেলনে তিনি বলেন, সরকার জনগণের স্বার্থে কাজ করছে এবং আগামী দিনগুলোতেও এই ধারা অব্যাহত থাকবে। তিনি আরও জানান, সংশ্লিষ্ট মন্ত্রণালয় বিষয়টি খতিয়ে দেখছে এবং প্রয়োজনীয় পদক্ষেপ গ্রহণ করা হবে। স্থানীয় বাসিন্দারা জানান, দীর্ঘদিন ধরে এই সমস্যার কোনো সমাধান হয়নি। এ বিষয়ে জেলা প্রশাসক বলেন, দ্রুত ব্যবস্থা নেওয়া হবে। পুলিশের একটি সূত্র জানায়, ঘটনার তদন্ত চলছে এবং জড়িতদের আইনের আওতায় আনা হবে। বিশেষজ্ঞরা মনে করেন, সঠিক পরিকল্পনা ছাড়া এ ধরনের উদ্যোগ সফল হবে না। তারা বলেন, সংশ্লিষ্ট সবাইকে নিয়ে আলোচনা করে সিদ্ধান্ত নিতে হবে। এদিকে ব্যবসায়ীরা অভিযোগ করেন, বাজারে পণ্যের দাম বাড়ছে এবং সাধারণ মানুষ ভোগান্তিতে পড়ছেন। সরকারি কর্মকর্তারা জানান, পরিস্থিতি নিয়ন্ত্রণে রয়েছে এবং শিগগিরই স্বাভাবিক হবে।

রাজধানীতে বৃহস্পতিবার সকালে এক সংবাদ সম্মেলনে তিনি বলেন, সরকার জনগণের স্বার্থে কাজ করছে এবং আগামী দিনগুলোতেও এই ধারা অব্যাহত থাকবে। তিনি আরও জানান, সংশ্লিষ্ট মন্ত্রণালয় বিষয়টি খতিয়ে দেখছে এবং প্রয়োজনীয় পদক্ষেপ গ্রহণ করা হবে। স্থানীয় বাসিন্দারা জানান, দীর্ঘদিন ধরে এই সমস্যার কোনো সমাধান হয়নি। এ বিষয়ে জেলা প্রশাসক বলেন, দ্রুত ব্যবস্থা নেওয়া হবে। পুলিশের একটি সূত্র জানায়, ঘটনার তদন্ত চলছে এবং জড়িতদের আইনের আওতায় আনা হবে। বিশেষজ্ঞরা মনে করেন, সঠিক পরিকল্পনা ছাড়া এ ধরনের উদ্যোগ সফল হবে না। তারা বলেন, সংশ্লিষ্ট সবাইকে নিয়ে আলোচনা করে সিদ্ধান্ত নিতে হবে। এদিকে ব্যবসায়ীরা অভিযোগ করেন, বাজারে পণ্যের দাম বাড়ছে এবং সাধারণ মানুষ ভোগান্তিতে পড়ছেন। সরকারি কর্মকর্তারা জানান, পরিস্থিতি নিয়ন্ত্রণে রয়েছে এবং শিগগিরই স্বাভাবিক হবে।

রাজধানীতে বৃহস্পতিবার সকালে এক সংবাদ সম্মেলনে তিনি বলেন, সরকার জনগণের স্বার্থে কাজ করছে এবং আগামী দিনগুলোতেও এই ধারা অব্যাহত থাকবে। তিনি আরও জানান, সংশ্লিষ্ট মন্ত্রণালয় বিষয়টি খতিয়ে দেখছে এবং প্রয়োজনীয় পদক্ষেপ গ্রহণ করা হবে। স্থানীয় বাসিন্দারা জানান, দীর্ঘদিন ধরে এই সমস্যার কোনো সমাধান হয়নি। এ বিষয়ে জেলা প্রশাসক বলেন, দ্রুত ব্যবস্থা নেওয়া হবে। পুলিশের একটি সূত্র জানায়, ঘটনার তদন্ত চলছে এবং জড়িতদের আইনের আওতায় আনা হবে। বিশেষজ্ঞরা মনে করেন, সঠিক পরিকল্পনা ছাড়া এ ধরনের উদ্যোগ সফল হবে না। তারা বলেন, সংশ্লিষ্ট সবাইকে নিয়ে আলোচনা করে সিদ্ধান্ত নিতে হবে। এদিকে ব্যবসায়ীরা অভিযোগ করেন, বাজারে পণ্যের দাম বাড়ছে এবং সাধারণ মানুষ ভোগান্তিতে পড়ছেন। সরকারি কর্মকর্তারা জানান, পরিস্থিতি নিয়ন্ত্রণে রয়েছে এবং শিগগিরই স্বাভাবিক হবে।

রাজধানীতে বৃহস্পতিবার সকালে এক সংবাদ সম্মেলনে তিনি বলেন, সরকার জনগণের স্বার্থে কাজ করছে এবং আগামী দিনগুলোতেও এই ধারা অব্যাহত থাকবে। তিনি আরও জানান, সংশ্লিষ্ট মন্ত্রণালয় বিষয়টি খতিয়ে দেখছে এবং প্রয়োজনীয় পদক্ষেপ গ্রহণ করা হবে। স্থানীয় বাসিন্দারা জানান, দীর্ঘদিন ধরে এই সমস্যার কোনো সমাধান হয়নি। এ বিষয়ে জেলা প্রশাসক বলেন, দ্রুত ব্যবস্থা নেওয়া হবে। পুলিশের একটি সূত্র জানায়, ঘটনার তদন্ত চলছে এবং জড়িতদের আইনের আওতায় আনা হবে। বিশেষজ্ঞরা মনে করেন, সঠিক পরিকল্পনা ছাড়া এ ধরনের উদ্যোগ সফল হবে না। তারা বলেন, সংশ্লিষ্ট সবাইকে নিয়ে আলোচনা করে সিদ্ধান্ত নিতে হবে। এদিকে ব্যবসায়ীরা অভিযোগ করেন, বাজারে পণ্যের দাম বাড়ছে এবং সাধারণ মানুষ ভোগান্তিতে পড়ছেন। সরকারি কর্মকর্তারা জানান, পরিস্থিতি নিয়ন্ত্রণে রয়েছে এবং শিগগিরই স্বাভাবিক হবে।

বিমানবন্দরে অগ্নিকাণ্ডে ঘটানো
প্রথম পৃষ্ঠার পর

রাজধানীতে বৃহস্পতিবার সকালে এক সংবাদ সম্মেলনে তিনি বলেন, সরকার জনগণের স্বার্থে কাজ করছে এবং আগামী দিনগুলোতেও এই ধারা অব্যাহত থাকবে। তিনি আরও জানান, সংশ্লিষ্ট মন্ত্রণালয় বিষয়টি খতিয়ে দেখছে এবং প্রয়োজনীয় পদক্ষেপ গ্রহণ করা হবে। স্থানীয় বাসিন্দারা জানান, দীর্ঘদিন ধরে এই সমস্যার কোনো সমাধান হয়নি। এ বিষয়ে জেলা প্রশাসক বলেন, দ্রুত ব্যবস্থা নেওয়া হবে। পুলিশের একটি সূত্র জানায়, ঘটনার তদন্ত চলছে এবং জড়িতদের আইনের আওতায় আনা হবে। বিশেষজ্ঞরা মনে করেন, সঠিক পরিকল্পনা ছাড়া এ ধরনের উদ্যোগ সফল হবে না। তারা বলেন, সংশ্লিষ্ট সবাইকে নিয়ে আলোচনা করে সিদ্ধান্ত নিতে হবে। এদিকে ব্যবসায়ীরা অভিযোগ করেন, বাজারে পণ্যের দাম বাড়ছে এবং সাধারণ মানুষ ভোগান্তিতে পড়ছেন। সরকারি কর্মকর্তারা জানান, পরিস্থিতি নিয়ন্ত্রণে রয়েছে এবং শিগগিরই স্বাভাবিক হবে।

আর রাস্তায় নয়, রাজনীতি
প্রথম পৃষ্ঠার পর

রাজধানীতে বৃহস্পতিবার সকালে এক সংবাদ সম্মেলনে তিনি বলেন, সরকার জনগণের স্বার্থে কাজ করছে এবং আগামী দিনগুলোতেও এই ধারা অব্যাহত থাকবে। তিনি আরও জানান, সংশ্লিষ্ট মন্ত্রণালয় বিষয়টি খতিয়ে দেখছে এবং প্রয়োজনীয় পদক্ষেপ গ্রহণ করা হবে। স্থানীয় বাসিন্দারা জানান, দীর্ঘদিন ধরে এই সমস্যার কোনো সমাধান হয়নি। এ বিষয়ে জেলা প্রশাসক বলেন, দ্রুত ব্যবস্থা নেওয়া হবে। পুলিশের একটি সূত্র জানায়, ঘটনার তদন্ত চলছে এবং জড়িতদের আইনের আওতায় আনা হবে। বিশেষজ্ঞরা মনে করেন, সঠিক পরিকল্পনা ছাড়া এ ধরনের উদ্যোগ সফল হবে না। তারা বলেন, সংশ্লিষ্ট সবাইকে নিয়ে আলোচনা করে সিদ্ধান্ত নিতে হবে। এদিকে ব্যবসায়ীরা অভিযোগ করেন, বাজারে পণ্যের দাম বাড়ছে এবং সাধারণ মানুষ ভোগান্তিতে পড়ছেন। সরকারি কর্মকর্তারা জানান, পরিস্থিতি নিয়ন্ত্রণে রয়েছে এবং শিগগিরই স্বাভাবিক হবে।

রাজধানীতে বৃহস্পতিবার সকালে এক সংবাদ সম্মেলনে তিনি বলেন, সরকার জনগণের স্বার্থে কাজ করছে এবং আগামী দিনগুলোতেও এই ধারা অব্যাহত থাকবে। তিনি আরও জানান, সংশ্লিষ্ট মন্ত্রণালয় বিষয়টি খতিয়ে দেখছে এবং প্রয়োজনীয় পদক্ষেপ গ্রহণ করা হবে। স্থানীয় বাসিন্দারা জানান, দীর্ঘদিন ধরে এই সমস্যার কোনো সমাধান হয়নি। এ বিষয়ে জেলা প্রশাসক বলেন, দ্রুত ব্যবস্থা নেওয়া হবে। পুলিশের একটি সূত্র জানায়, ঘটনার তদন্ত চলছে এবং জড়িতদের আইনের আওতায় আনা হবে। বিশেষজ্ঞরা মনে করেন, সঠিক পরিকল্পনা ছাড়া এ ধরনের উদ্যোগ সফল হবে না। তারা বলেন, সংশ্লিষ্ট সবাইকে নিয়ে আলোচনা করে সিদ্ধান্ত নিতে হবে। এদিকে ব্যবসায়ীরা অভিযোগ করেন, বাজারে পণ্যের দাম বাড়ছে এবং সাধারণ মানুষ ভোগান্তিতে পড়ছেন। সরকারি কর্মকর্তারা জানান, পরিস্থিতি নিয়ন্ত্রণে রয়েছে এবং শিগগিরই স্বাভাবিক হবে।

রাজধানীতে বৃহস্পতিবার সকালে এক সংবাদ সম্মেলনে তিনি বলেন, সরকার জনগণের স্বার্থে কাজ করছে এবং আগামী দিনগুলোতেও এই ধারা অব্যাহত থাকবে। তিনি আরও জানান, সংশ্লিষ্ট মন্ত্রণালয় বিষয়টি খতিয়ে দেখছে এবং প্রয়োজনীয় পদক্ষেপ গ্রহণ করা হবে। স্থানীয় বাসিন্দারা জানান, দীর্ঘদিন ধরে এই সমস্যার কোনো সমাধান হয়নি। এ বিষয়ে জেলা প্রশাসক বলেন, দ্রুত ব্যবস্থা নেওয়া হবে। পুলিশের একটি সূত্র জানায়, ঘটনার তদন্ত চলছে এবং জড়িতদের আইনের আওতায় আনা হবে। বিশেষজ্ঞরা মনে করেন, সঠিক পরিকল্পনা ছাড়া এ ধরনের উদ্যোগ সফল হবে না। তারা বলেন, সংশ্লিষ্ট সবাইকে নিয়ে আলোচনা করে সিদ্ধান্ত নিতে হবে। এদিকে ব্যবসায়ীরা অভিযোগ করেন, বাজারে পণ্যের দাম বাড়ছে এবং সাধারণ মানুষ ভোগান্তিতে পড়ছেন। সরকারি কর্মকর্তারা জানান, পরিস্থিতি নিয়ন্ত্রণে রয়েছে এবং শিগগিরই স্বাভাবিক হবে।

রাজধানীতে বৃহস্পতিবার সকালে এক সংবাদ সম্মেলনে তিনি বলেন, সরকার জনগণের স্বার্থে কাজ করছে এবং আগামী দিনগুলোতেও এই ধারা অব্যাহত থাকবে। তিনি আরও জানান, সংশ্লিষ্ট মন্ত্রণালয় বিষয়টি খতিয়ে দেখছে এবং প্রয়োজনীয় পদক্ষেপ গ্রহণ করা হবে। স্থানীয় বাসিন্দারা জানান, দীর্ঘদিন ধরে এই সমস্যার কোনো সমাধান হয়নি। এ বিষয়ে জেলা প্রশাসক বলেন, দ্রুত ব্যবস্থা নেওয়া হবে। পুলিশের একটি সূত্র জানায়, ঘটনার তদন্ত চলছে এবং জড়িতদের আইনের আওতায় আনা হবে। বিশেষজ্ঞরা মনে করেন, সঠিক পরিকল্পনা ছাড়া এ ধরনের উদ্যোগ সফল হবে না। তারা বলেন, সংশ্লিষ্ট সবাইকে নিয়ে আলোচনা করে সিদ্ধান্ত নিতে হবে। এদিকে ব্যবসায়ীরা অভিযোগ করেন, বাজারে পণ্যের দাম বাড়ছে এবং সাধারণ মানুষ ভোগান্তিতে পড়ছেন। সরকারি কর্মকর্তারা জানান, পরিস্থিতি নিয়ন্ত্রণে রয়েছে এবং শিগগিরই স্বাভাবিক হবে।

রাজধানীতে বৃহস্পতিবার সকালে এক সংবাদ সম্মেলনে তিনি বলেন, সরকার জনগণের স্বার্থে কাজ করছে এবং আগামী দিনগুলোতেও এই ধারা অব্যাহত থাকবে। তিনি আরও জানান, সংশ্লিষ্ট মন্ত্রণালয় বিষয়টি খতিয়ে দেখছে এবং প্রয়োজনীয় পদক্ষেপ গ্রহণ করা হবে। স্থানীয় বাসিন্দারা জানান, দীর্ঘদিন ধরে এই সমস্যার কোনো সমাধান হয়নি। এ বিষয়ে জেলা প্রশাসক বলেন, দ্রুত ব্যবস্থা নেওয়া হবে। পুলিশের একটি সূত্র জানায়, ঘটনার তদন্ত চলছে এবং জড়িতদের আইনের আওতায় আনা হবে। বিশেষজ্ঞরা মনে করেন, সঠিক পরিকল্পনা ছাড়া এ ধরনের উদ্যোগ সফল হবে না। তারা বলেন, সংশ্লিষ্ট সবাইকে নিয়ে আলোচনা করে সিদ্ধান্ত নিতে হবে। এদিকে ব্যবসায়ীরা অভিযোগ করেন, বাজারে পণ্যের দাম বাড়ছে এবং সাধারণ মানুষ ভোগান্তিতে পড়ছেন। সরকারি কর্মকর্তারা জানান, পরিস্থিতি নিয়ন্ত্রণে রয়েছে এবং শিগগিরই স্বাভাবিক হবে।

প্লাস্টিক ফ্যাসিস্টরা জুলাই সনদ
প্রথম পৃষ্ঠার পর

রাজধানীতে বৃহস্পতিবার সকালে এক সংবাদ সম্মেলনে তিনি বলেন, সরকার জনগণের স্বার্থে কাজ করছে এবং আগামী দিনগুলোতেও এই ধারা অব্যাহত থাকবে। তিনি আরও জানান, সংশ্লিষ্ট মন্ত্রণালয় বিষয়টি খতিয়ে দেখছে এবং প্রয়োজনীয় পদক্ষেপ গ্রহণ করা হবে। স্থানীয় বাসিন্দারা জানান, দীর্ঘদিন ধরে এই সমস্যার কোনো সমাধান হয়নি। এ বিষয়ে জেলা প্রশাসক বলেন, দ্রুত ব্যবস্থা নেওয়া হবে। পুলিশের একটি সূত্র জানায়, ঘটনার তদন্ত চলছে এবং জড়িতদের আইনের আওতায় আনা হবে। বিশেষজ্ঞরা মনে করেন, সঠিক পরিকল্পনা ছাড়া এ ধরনের উদ্যোগ সফল হবে না। তারা বলেন, সংশ্লিষ্ট সবাইকে নিয়ে আলোচনা করে সিদ্ধান্ত নিতে হবে। এদিকে ব্যবসায়ীরা অভিযোগ করেন, বাজারে পণ্যের দাম বাড়ছে এবং সাধারণ মানুষ ভোগান্তিতে পড়ছেন। সরকারি কর্মকর্তারা জানান, পরিস্থিতি নিয়ন্ত্রণে রয়েছে এবং শিগগিরই স্বাভাবিক হবে।

রাজধানীতে বৃহস্পতিবার সকালে এক সংবাদ সম্মেলনে তিনি বলেন, সরকার জনগণের স্বার্থে কাজ করছে এবং আগামী দিনগুলোতেও এই ধারা অব্যাহত থাকবে। তিনি আরও জানান, সংশ্লিষ্ট মন্ত্রণালয় বিষয়টি খতিয়ে দেখছে এবং প্রয়োজনীয় পদক্ষেপ গ্রহণ করা হবে। স্থানীয় বাসিন্দারা জানান, দীর্ঘদিন ধরে এই সমস্যার কোনো সমাধান হয়নি। এ বিষয়ে জেলা প্রশাসক বলেন, দ্রুত ব্যবস্থা নেওয়া হবে। পুলিশের একটি সূত্র জানায়, ঘটনার তদন্ত চলছে এবং জড়িতদের আইনের আওতায় আনা হবে। বিশেষজ্ঞরা মনে করেন, সঠিক পরিকল্পনা ছাড়া এ ধরনের উদ্যোগ সফল হবে না। তারা বলেন, সংশ্লিষ্ট সবাইকে নিয়ে আলোচনা করে সিদ্ধান্ত নিতে হবে। এদিকে ব্যবসায়ীরা অভিযোগ করেন, বাজারে পণ্যের দাম বাড়ছে এবং সাধারণ মানুষ ভোগান্তিতে পড়ছেন। সরকারি কর্মকর্তারা জানান, পরিস্থিতি নিয়ন্ত্রণে রয়েছে এবং শিগগিরই স্বাভাবিক হবে।

রাজধানীতে বৃহস্পতিবার সকালে এক সংবাদ সম্মেলনে তিনি বলেন, সরকার জনগণের স্বার্থে কাজ করছে এবং আগামী দিনগুলোতেও এই ধারা অব্যাহত থাকবে। তিনি আরও জানান, সংশ্লিষ্ট মন্ত্রণালয় বিষয়টি খতিয়ে দেখছে এবং প্রয়োজনীয় পদক্ষেপ গ্রহণ করা হবে। স্থানীয় বাসিন্দারা জানান, দীর্ঘদিন ধরে এই সমস্যার কোনো সমাধান হয়নি। এ বিষয়ে জেলা প্রশাসক বলেন, দ্রুত ব্যবস্থা নেওয়া হবে। পুলিশের একটি সূত্র জানায়, ঘটনার তদন্ত চলছে এবং জড়িতদের আইনের আওতায় আনা হবে। বিশেষজ্ঞরা মনে করেন, সঠিক পরিকল্পনা ছাড়া এ ধরনের উদ্যোগ সফল হবে না। তারা বলেন, সংশ্লিষ্ট সবাইকে নিয়ে আলোচনা করে সিদ্ধান্ত নিতে হবে। এদিকে ব্যবসায়ীরা অভিযোগ করেন, বাজারে পণ্যের দাম বাড়ছে এবং সাধারণ মানুষ ভোগান্তিতে পড়ছেন। সরকারি কর্মকর্তারা জানান, পরিস্থিতি নিয়ন্ত্রণে রয়েছে এবং শিগগিরই স্বাভাবিক হবে।

রাজধানীতে বৃহস্পতিবার সকালে এক সংবাদ সম্মেলনে তিনি বলেন, সরকার জনগণের স্বার্থে কাজ করছে এবং আগামী দিনগুলোতেও এই ধারা অব্যাহত থাকবে। তিনি আরও জানান, সংশ্লিষ্ট মন্ত্রণালয় বিষয়টি খতিয়ে দেখছে এবং প্রয়োজনীয় পদক্ষেপ গ্রহণ করা হবে। স্থানীয় বাসিন্দারা জানান, দীর্ঘদিন ধরে এই সমস্যার কোনো সমাধান হয়নি। এ বিষয়ে জেলা প্রশাসক বলেন, দ্রুত ব্যবস্থা নেওয়া হবে। পুলিশের একটি সূত্র জানায়, ঘটনার তদন্ত চলছে এবং জড়িতদের আইনের আওতায় আনা হবে। বিশেষজ্ঞরা মনে করেন, সঠিক পরিকল্পনা ছাড়া এ ধরনের উদ্যোগ সফল হবে না। তারা বলেন, সংশ্লিষ্ট সবাইকে নিয়ে আলোচনা করে সিদ্ধান্ত নিতে হবে। এদিকে ব্যবসায়ীরা অভিযোগ করেন, বাজারে পণ্যের দাম বাড়ছে এবং সাধারণ মানুষ ভোগান্তিতে পড়ছেন। সরকারি কর্মকর্তারা জানান, পরিস্থিতি নিয়ন্ত্রণে রয়েছে এবং শিগগিরই স্বাভাবিক হবে।

নতুন ট্রাফিক সমস্যার
প্রথম পৃষ্ঠার পর

রাজধানীতে বৃহস্পতিবার সকালে এক সংবাদ সম্মেলনে তিনি বলেন, সরকার জনগণের স্বার্থে কাজ করছে এবং আগামী দিনগুলোতেও এই ধারা অব্যাহত থাকবে। তিনি আরও জানান, সংশ্লিষ্ট মন্ত্রণালয় বিষয়টি খতিয়ে দেখছে এবং প্রয়োজনীয় পদক্ষেপ গ্রহণ করা হবে। স্থানীয় বাসিন্দারা জানান, দীর্ঘদিন ধরে এই সমস্যার কোনো সমাধান হয়নি। এ বিষয়ে জেলা প্রশাসক বলেন, দ্রুত ব্যবস্থা নেওয়া হবে। পুলিশের একটি সূত্র জানায়, ঘটনার তদন্ত চলছে এবং জড়িতদের আইনের আওতায় আনা হবে। বিশেষজ্ঞরা মনে করেন, সঠিক পরিকল্পনা ছাড়া এ ধরনের উদ্যোগ সফল হবে না। তারা বলেন, সংশ্লিষ্ট সবাইকে নিয়ে আলোচনা করে সিদ্ধান্ত নিতে হবে। এদিকে ব্যবসায়ীরা অভিযোগ করেন, বাজারে পণ্যের দাম বাড়ছে এবং সাধারণ মানুষ ভোগান্তিতে পড়ছেন। সরকারি কর্মকর্তারা জানান, পরিস্থিতি নিয়ন্ত্রণে রয়েছে এবং শিগগিরই স্বাভাবিক হবে।

রাজধানীতে বৃহস্পতিবার সকালে এক সংবাদ সম্মেলনে তিনি বলেন, সরকার জনগণের স্বার্থে কাজ করছে এবং আগামী দিনগুলোতেও এই ধারা অব্যাহত থাকবে। তিনি আরও জানান, সংশ্লিষ্ট মন্ত্রণালয় বিষয়টি খতিয়ে দেখছে এবং প্রয়োজনীয় পদক্ষেপ গ্রহণ করা হবে। স্থানীয় বাসিন্দারা জানান, দীর্ঘদিন ধরে এই সমস্যার কোনো সমাধান হয়নি। এ বিষয়ে জেলা প্রশাসক বলেন, দ্রুত ব্যবস্থা নেওয়া হবে। পুলিশের একটি সূত্র জানায়, ঘটনার তদন্ত চলছে এবং জড়িতদের আইনের আওতায় আনা হবে। বিশেষজ্ঞরা মনে করেন, সঠিক পরিকল্পনা ছাড়া এ ধরনের উদ্যোগ সফল হবে না। তারা বলেন, সংশ্লিষ্ট সবাইকে নিয়ে আলোচনা করে সিদ্ধান্ত নিতে হবে। এদিকে ব্যবসায়ীরা অভিযোগ করেন, বাজারে পণ্যের দাম বাড়ছে এবং সাধারণ মানুষ ভোগান্তিতে পড়ছেন। সরকারি কর্মকর্তারা জানান, পরিস্থিতি নিয়ন্ত্রণে রয়েছে এবং শিগগিরই স্বাভাবিক হবে।

রাজধানীতে বৃহস্পতিবার সকালে এক সংবাদ সম্মেলনে তিনি বলেন, সরকার জনগণের স্বার্থে কাজ করছে এবং আগামী দিনগুলোতেও এই ধারা অব্যাহত থাকবে। তিনি আরও জানান, সংশ্লিষ্ট মন্ত্রণালয় বিষয়টি খতিয়ে দেখছে এবং প্রয়োজনীয় পদক্ষেপ গ্রহণ করা হবে। স্থানীয় বাসিন্দারা জানান, দীর্ঘদিন ধরে এই সমস্যার কোনো সমাধান হয়নি। এ বিষয়ে জেলা প্রশাসক বলেন, দ্রুত ব্যবস্থা নেওয়া হবে। পুলিশের একটি সূত্র জানায়, ঘটনার তদন্ত চলছে এবং জড়িতদের আইনের আওতায় আনা হবে। বিশেষজ্ঞরা মনে করেন, সঠিক পরিকল্পনা ছাড়া এ ধরনের উদ্যোগ সফল হবে না। তারা বলেন, সংশ্লিষ্ট সবাইকে নিয়ে আলোচনা করে সিদ্ধান্ত নিতে হবে। এদিকে ব্যবসায়ীরা অভিযোগ করেন, বাজারে পণ্যের দাম বাড়ছে এবং সাধারণ মানুষ ভোগান্তিতে পড়ছেন। সরকারি কর্মকর্তারা জানান, পরিস্থিতি নিয়ন্ত্রণে রয়েছে এবং শিগগিরই স্বাভাবিক হবে।

রাজধানীতে বৃহস্পতিবার সকালে এক সংবাদ সম্মেলনে তিনি বলেন, সরকার জনগণের স্বার্থে কাজ করছে এবং আগামী দিনগুলোতেও এই ধারা অব্যাহত থাকবে। তিনি আরও জানান, সংশ্লিষ্ট মন্ত্রণালয় বিষয়টি খতিয়ে দেখছে এবং প্রয়োজনীয় পদক্ষেপ গ্রহণ করা হবে। স্থানীয় বাসিন্দারা জানান, দীর্ঘদিন ধরে এই সমস্যার কোনো সমাধান হয়নি। এ বিষয়ে জেলা প্রশাসক বলেন, দ্রুত ব্যবস্থা নেওয়া হবে। পুলিশের একটি সূত্র জানায়, ঘটনার তদন্ত চলছে এবং জড়িতদের আইনের আওতায় আনা হবে। বিশেষজ্ঞরা মনে করেন, সঠিক পরিকল্পনা ছাড়া এ ধরনের উদ্যোগ সফল হবে না। তারা বলেন, সংশ্লিষ্ট সবাইকে নিয়ে আলোচনা করে সিদ্ধান্ত নিতে হবে। এদিকে ব্যবসায়ীরা অভিযোগ করেন, বাজারে পণ্যের দাম বাড়ছে এবং সাধারণ মানুষ ভোগান্তিতে পড়ছেন। সরকারি কর্মকর্তারা জানান, পরিস্থিতি নিয়ন্ত্রণে রয়েছে এবং শিগগিরই স্বাভাবিক হবে।

রাজধানীতে বৃহস্পতিবার সকালে এক সংবাদ সম্মেলনে তিনি বলেন, সরকার জনগণের স্বার্থে কাজ করছে এবং আগামী দিনগুলোতেও এই ধারা অব্যাহত থাকবে। তিনি আরও জানান, সংশ্লিষ্ট মন্ত্রণালয় বিষয়টি খতিয়ে দেখছে এবং প্রয়োজনীয় পদক্ষেপ গ্রহণ করা হবে। স্থানীয় বাসিন্দারা জানান, দীর্ঘদিন ধরে এই সমস্যার কোনো সমাধান হয়নি। এ বিষয়ে জেলা প্রশাসক বলেন, দ্রুত ব্যবস্থা নেওয়া হবে। পুলিশের একটি সূত্র জানায়, ঘটনার তদন্ত চলছে এবং জড়িতদের আইনের আওতায় আনা হবে। বিশেষজ্ঞরা মনে করেন, সঠিক পরিকল্পনা ছাড়া এ ধরনের উদ্যোগ সফল হবে না। তারা বলেন, সংশ্লিষ্ট সবাইকে নিয়ে আলোচনা করে সিদ্ধান্ত নিতে হবে। এদিকে ব্যবসায়ীরা অভিযোগ করেন, বাজারে পণ্যের দাম বাড়ছে এবং সাধারণ মানুষ ভোগান্তিতে পড়ছেন। সরকারি কর্মকর্তারা জানান, পরিস্থিতি নিয়ন্ত্রণে রয়েছে এবং শিগগিরই স্বাভাবিক হবে।

ঠিকানার পালিয়ে যাওয়ায়
প্রথম পৃষ্ঠার পর

রাজধানীতে বৃহস্পতিবার সকালে এক সংবাদ সম্মেলনে তিনি বলেন, সরকার জনগণের স্বার্থে কাজ করছে এবং আগামী দিনগুলোতেও এই ধারা অব্যাহত থাকবে। তিনি আরও জানান, সংশ্লিষ্ট মন্ত্রণালয় বিষয়টি খতিয়ে দেখছে এবং প্রয়োজনীয় পদক্ষেপ গ্রহণ করা হবে। স্থানীয় বাসিন্দারা জানান, দীর্ঘদিন ধরে এই সমস্যার কোনো সমাধান হয়নি। এ বিষয়ে জেলা প্রশাসক বলেন, দ্রুত ব্যবস্থা নেওয়া হবে। পুলিশের একটি সূত্র জানায়, ঘটনার তদন্ত চলছে এবং জড়িতদের আইনের আওতায় আনা হবে। বিশেষজ্ঞরা মনে করেন, সঠিক পরিকল্পনা ছাড়া এ ধরনের উদ্যোগ সফল হবে না। তারা বলেন, সংশ্লিষ্ট সবাইকে নিয়ে আলোচনা করে সিদ্ধান্ত নিতে হবে। এদিকে ব্যবসায়ীরা অভিযোগ করেন, বাজারে পণ্যের দাম বাড়ছে এবং সাধারণ মানুষ ভোগান্তিতে পড়ছেন। সরকারি কর্মকর্তারা জানান, পরিস্থিতি নিয়ন্ত্রণে রয়েছে এবং শিগগিরই স্বাভাবিক হবে।

রাজধানীতে বৃহস্পতিবার সকালে এক সংবাদ সম্মেলনে তিনি বলেন, সরকার জনগণের স্বার্থে কাজ করছে এবং আগামী দিনগুলোতেও এই ধারা অব্যাহত থাকবে। তিনি আরও জানান, সংশ্লিষ্ট মন্ত্রণালয় বিষয়টি খতিয়ে দেখছে এবং প্রয়োজনীয় পদক্ষেপ গ্রহণ করা হবে। স্থানীয় বাসিন্দারা জানান, দীর্ঘদিন ধরে এই সমস্যার কোনো সমাধান হয়নি। এ বিষয়ে জেলা প্রশাসক বলেন, দ্রুত ব্যবস্থা নেওয়া হবে। পুলিশের একটি সূত্র জানায়, ঘটনার তদন্ত চলছে এবং জড়িতদের আইনের আওতায় আনা হবে। বিশেষজ্ঞরা মনে করেন, সঠিক পরিকল্পনা ছাড়া এ ধরনের উদ্যোগ সফল হবে না। তারা বলেন, সংশ্লিষ্ট সবাইকে নিয়ে আলোচনা করে সিদ্ধান্ত নিতে হবে। এদিকে ব্যবসায়ীরা অভিযোগ করেন, বাজারে পণ্যের দাম বাড়ছে এবং সাধারণ মানুষ ভোগান্তিতে পড়ছেন। সরকারি কর্মকর্তারা জানান, পরিস্থিতি নিয়ন্ত্রণে রয়েছে এবং শিগগিরই স্বাভাবিক হবে।

রাজধানীতে বৃহস্পতিবার সকালে এক সংবাদ সম্মেলনে তিনি বলেন, সরকার জনগণের স্বার্থে কাজ করছে এবং আগামী দিনগুলোতেও এই ধারা অব্যাহত থাকবে। তিনি আরও জানান, সংশ্লিষ্ট মন্ত্রণালয় বিষয়টি খতিয়ে দেখছে এবং প্রয়োজনীয় পদক্ষেপ গ্রহণ করা হবে। স্থানীয় বাসিন্দারা জানান, দীর্ঘদিন ধরে এই সমস্যার কোনো সমাধান হয়নি। এ বিষয়ে জেলা প্রশাসক বলেন, দ্রুত ব্যবস্থা নেওয়া হবে। পুলিশের একটি সূত্র জানায়, ঘটনার তদন্ত চলছে এবং জড়িতদের আইনের আওতায় আনা হবে। বিশেষজ্ঞরা মনে করেন, সঠিক পরিকল্পনা ছাড়া এ ধরনের উদ্যোগ সফল হবে না। তারা বলেন, সংশ্লিষ্ট সবাইকে নিয়ে আলোচনা করে সিদ্ধান্ত নিতে হবে। এদিকে ব্যবসায়ীরা অভিযোগ করেন, বাজারে পণ্যের দাম বাড়ছে এবং সাধারণ মানুষ ভোগান্তিতে পড়ছেন। সরকারি কর্মকর্তারা জানান, পরিস্থিতি নিয়ন্ত্রণে রয়েছে এবং শিগগিরই স্বাভাবিক হবে।

রাজধানীতে বৃহস্পতিবার সকালে এক সংবাদ সম্মেলনে তিনি বলেন, সরকার জনগণের স্বার্থে কাজ করছে এবং আগামী দিনগুলোতেও এই ধারা অব্যাহত থাকবে। তিনি আরও জানান, সংশ্লিষ্ট মন্ত্রণালয় বিষয়টি খতিয়ে দেখছে এবং প্রয়োজনীয় পদক্ষেপ গ্রহণ করা হবে। স্থানীয় বাসিন্দারা জানান, দীর্ঘদিন ধরে এই সমস্যার কোনো সমাধান হয়নি। এ বিষয়ে জেলা প্রশাসক বলেন, দ্রুত ব্যবস্থা নেওয়া হবে। পুলিশের একটি সূত্র জানায়, ঘটনার তদন্ত চলছে এবং জড়িতদের আইনের আওতায় আনা হবে। বিশেষজ্ঞরা মনে করেন, সঠিক পরিকল্পনা ছাড়া এ ধরনের উদ্যোগ সফল হবে না। তারা বলেন, সংশ্লিষ্ট সবাইকে নিয়ে আলোচনা করে সিদ্ধান্ত নিতে হবে। এদিকে ব্যবসায়ীরা অভিযোগ করেন, বাজারে পণ্যের দাম বাড়ছে এবং সাধারণ মানুষ ভোগান্তিতে পড়ছেন। সরকারি কর্মকর্তারা জানান, পরিস্থিতি নিয়ন্ত্রণে রয়েছে এবং শিগগিরই স্বাভাবিক হবে।

রাজধানীতে বৃহস্পতিবার সকালে এক সংবাদ সম্মেলনে তিনি বলেন, সরকার জনগণের স্বার্থে কাজ করছে এবং আগামী দিনগুলোতেও এই ধারা অব্যাহত থাকবে। তিনি আরও জানান, সংশ্লিষ্ট মন্ত্রণালয় বিষয়টি খতিয়ে দেখছে এবং প্রয়োজনীয় পদক্ষেপ গ্রহণ করা হবে। স্থানীয় বাসিন্দারা জানান, দীর্ঘদিন ধরে এই সমস্যার কোনো সমাধান হয়নি। এ বিষয়ে জেলা প্রশাসক বলেন, দ্রুত ব্যবস্থা নেওয়া হবে। পুলিশের একটি সূত্র জানায়, ঘটনার তদন্ত চলছে এবং জড়িতদের আইনের আওতায় আনা হবে। বিশেষজ্ঞরা মনে করেন, সঠিক পরিকল্পনা ছাড়া এ ধরনের উদ্যোগ সফল হবে না। তারা বলেন, সংশ্লিষ্ট সবাইকে নিয়ে আলোচনা করে সিদ্ধান্ত নিতে হবে। এদিকে ব্যবসায়ীরা অভিযোগ করেন, বাজারে পণ্যের দাম বাড়ছে এবং সাধারণ মানুষ ভোগান্তিতে পড়ছেন। সরকারি কর্মকর্তারা জানান, পরিস্থিতি নিয়ন্ত্রণে রয়েছে এবং শিগগিরই স্বাভাবিক হবে।

রাজধানীতে বৃহস্পতিবার সকালে এক সংবাদ সম্মেলনে তিনি বলেন, সরকার জনগণের স্বার্থে কাজ করছে এবং আগামী দিনগুলোতেও এই ধারা অব্যাহত থাকবে। তিনি আরও জানান, সংশ্লিষ্ট মন্ত্রণালয় বিষয়টি খতিয়ে দেখছে এবং প্রয়োজনীয় পদক্ষেপ গ্রহণ করা হবে। স্থানীয় বাসিন্দারা জানান, দীর্ঘদিন ধরে এই সমস্যার কোনো সমাধান হয়নি। এ বিষয়ে জেলা প্রশাসক বলেন, দ্রুত ব্যবস্থা নেওয়া হবে। পুলিশের একটি সূত্র জানায়, ঘটনার তদন্ত চলছে এবং জড়িতদের আইনের আওতায় আনা হবে। বিশেষজ্ঞরা মনে করেন, সঠিক পরিকল্পনা ছাড়া এ ধরনের উদ্যোগ সফল হবে না। তারা বলেন, সংশ্লিষ্ট সবাইকে নিয়ে আলোচনা করে সিদ্ধান্ত নিতে হবে। এদিকে ব্যবসায়ীরা অভিযোগ করেন, বাজারে পণ্যের দাম বাড়ছে এবং সাধারণ মানুষ ভোগান্তিতে পড়ছেন। সরকারি কর্মকর্তারা জানান, পরিস্থিতি নিয়ন্ত্রণে রয়েছে এবং শিগগিরই স্বাভাবিক হবে।

কুমিল্লায় ১০০ শয্যা বিশিষ্ট
প্রথম পৃষ্ঠার পর

রাজধানীতে বৃহস্পতিবার সকালে এক সংবাদ সম্মেলনে তিনি বলেন, সরকার জনগণের স্বার্থে কাজ করছে এবং আগামী দিনগুলোতেও এই ধারা অব্যাহত থাকবে। তিনি আরও জানান, সংশ্লিষ্ট মন্ত্রণালয় বিষয়টি খতিয়ে দেখছে এবং প্রয়োজনীয় পদক্ষেপ গ্রহণ করা হবে। স্থানীয় বাসিন্দারা জানান, দীর্ঘদিন ধরে এই সমস্যার কোনো সমাধান হয়নি। এ বিষয়ে জেলা প্রশাসক বলেন, দ্রুত ব্যবস্থা নেওয়া হবে। পুলিশের একটি সূত্র জানায়, ঘটনার তদন্ত চলছে এবং জড়িতদের আইনের আওতায় আনা হবে। বিশেষজ্ঞরা মনে করেন, সঠিক পরিকল্পনা ছাড়া এ ধরনের উদ্যোগ সফল হবে না। তারা বলেন, সংশ্লিষ্ট সবাইকে নিয়ে আলোচনা করে সিদ্ধান্ত নিতে হবে। এদিকে ব্যবসায়ীরা অভিযোগ করেন, বাজারে পণ্যের দাম বাড়ছে এবং সাধারণ মানুষ ভোগান্তিতে পড়ছেন। সরকারি কর্মকর্তারা জানান, পরিস্থিতি নিয়ন্ত্রণে রয়েছে এবং শিগগিরই স্বাভাবিক হবে।

রাজধানীতে বৃহস্পতিবার সকালে এক সংবাদ সম্মেলনে তিনি বলেন, সরকার জনগণের স্বার্থে কাজ করছে এবং আগামী দিনগুলোতেও এই ধারা অব্যাহত থাকবে। তিনি আরও জানান, সংশ্লিষ্ট মন্ত্রণালয় বিষয়টি খতিয়ে দেখছে এবং প্রয়োজনীয় পদক্ষেপ গ্রহণ করা হবে। স্থানীয় বাসিন্দারা জানান, দীর্ঘদিন ধরে এই সমস্যার কোনো সমাধান হয়নি। এ বিষয়ে জেলা প্রশাসক বলেন, দ্রুত ব্যবস্থা নেওয়া হবে। পুলিশের একটি সূত্র জানায়, ঘটনার তদন্ত চলছে এবং জড়িতদের আইনের আওতায় আনা হবে। বিশেষজ্ঞরা মনে করেন, সঠিক পরিকল্পনা ছাড়া এ ধরনের উদ্যোগ সফল হবে না। তারা বলেন, সংশ্লিষ্ট সবাইকে নিয়ে আলোচনা করে সিদ্ধান্ত নিতে হবে। এদিকে ব্যবসায়ীরা অভিযোগ করেন, বাজারে পণ্যের দাম বাড়ছে এবং সাধারণ মানুষ ভোগান্তিতে পড়ছেন। সরকারি কর্মকর্তারা জানান, পরিস্থিতি নিয়ন্ত্রণে রয়েছে এবং শিগগিরই স্বাভাবিক হবে।

রাজধানীতে বৃহস্পতিবার সকালে এক সংবাদ সম্মেলনে তিনি বলেন, সরকার জনগণের স্বার্থে কাজ করছে এবং আগামী দিনগুলোতেও এই ধারা অব্যাহত থাকবে। তিনি আরও জানান, সংশ্লিষ্ট মন্ত্রণালয় বিষয়টি খতিয়ে দেখছে এবং প্রয়োজনীয় পদক্ষেপ গ্রহণ করা হবে। স্থানীয় বাসিন্দারা জানান, দীর্ঘদিন ধরে এই সমস্যার কোনো সমাধান হয়নি। এ বিষয়ে জেলা প্রশাসক বলেন, দ্রুত ব্যবস্থা নেওয়া হবে। পুলিশের একটি সূত্র জানায়, ঘটনার তদন্ত চলছে এবং জড়িতদের আইনের আওতায় আনা হবে। বিশেষজ্ঞরা মনে করেন, সঠিক পরিকল্পনা ছাড়া এ ধরনের উদ্যোগ সফল হবে না। তারা বলেন, সংশ্লিষ্ট সবাইকে নিয়ে আলোচনা করে সিদ্ধান্ত নিতে হবে। এদিকে ব্যবসায়ীরা অভিযোগ করেন, বাজারে পণ্যের দাম বাড়ছে এবং সাধারণ মানুষ ভোগান্তিতে পড়ছেন। সরকারি কর্মকর্তারা জানান, পরিস্থিতি নিয়ন্ত্রণে রয়েছে এবং শিগগিরই স্বাভাবিক হবে।

রাজধানীতে বৃহস্পতিবার সকালে এক সংবাদ সম্মেলনে তিনি বলেন, সরকার জনগণের স্বার্থে কাজ করছে এবং আগামী দিনগুলোতেও এই ধারা অব্যাহত থাকবে। তিনি আরও জানান, সংশ্লিষ্ট মন্ত্রণালয় বিষয়টি খতিয়ে দেখছে এবং প্রয়োজনীয় পদক্ষেপ গ্রহণ করা হবে। স্থানীয় বাসিন্দারা জানান, দীর্ঘদিন ধরে এই সমস্যার কোনো সমাধান হয়নি। এ বিষয়ে জেলা প্রশাসক বলেন, দ্রুত ব্যবস্থা নেওয়া হবে। পুলিশের একটি সূত্র জানায়, ঘটনার তদন্ত চলছে এবং জড়িতদের আইনের আওতায় আনা হবে। বিশেষজ্ঞরা মনে করেন, সঠিক পরিকল্পনা ছাড়া এ ধরনের উদ্যোগ সফল হবে না। তারা বলেন, সংশ্লিষ্ট সবাইকে নিয়ে আলোচনা করে সিদ্ধান্ত নিতে হবে। এদিকে ব্যবসায়ীরা অভিযোগ করেন, বাজারে পণ্যের দাম বাড়ছে এবং সাধারণ মানুষ ভোগান্তিতে পড়ছেন। সরকারি কর্মকর্তারা জানান, পরিস্থিতি নিয়ন্ত্রণে রয়েছে এবং শিগগিরই স্বাভাবিক হবে।

রাজধানীতে বৃহস্পতিবার সকালে এক সংবাদ সম্মেলনে তিনি বলেন, সরকার জনগণের স্বার্থে কাজ করছে এবং আগামী দিনগুলোতেও এই ধারা অব্যাহত থাকবে। তিনি আরও জানান, সংশ্লিষ্ট মন্ত্রণালয় বিষয়টি খতিয়ে দেখছে এবং প্রয়োজনীয় পদক্ষেপ গ্রহণ করা হবে। স্থানীয় বাসিন্দারা জানান, দীর্ঘদিন ধরে এই সমস্যার কোনো সমাধান হয়নি। এ বিষয়ে জেলা প্রশাসক বলেন, দ্রুত ব্যবস্থা নেওয়া হবে। পুলিশের একটি সূত্র জানায়, ঘটনার তদন্ত চলছে এবং জড়িতদের আইনের আওতায় আনা হবে। বিশেষজ্ঞরা মনে করেন, সঠিক পরিকল্পনা ছাড়া এ ধরনের উদ্যোগ সফল হবে না। তারা বলেন, সংশ্লিষ্ট সবাইকে নিয়ে আলোচনা করে সিদ্ধান্ত নিতে হবে। এদিকে ব্যবসায়ীরা অভিযোগ করেন, বাজারে পণ্যের দাম বাড়ছে এবং সাধারণ মানুষ ভোগান্তিতে পড়ছেন। সরকারি কর্মকর্তারা জানান, পরিস্থিতি নিয়ন্ত্রণে রয়েছে এবং শিগগিরই স্বাভাবিক হবে।

রাজধানীতে বৃহস্পতিবার সকালে এক সংবাদ সম্মেলনে তিনি বলেন, সরকার জনগণের স্বার্থে কাজ করছে এবং আগামী দিনগুলোতেও এই ধারা অব্যাহত থাকবে। তিনি আরও জানান, সংশ্লিষ্ট মন্ত্রণালয় বিষয়টি খতিয়ে দেখছে এবং প্রয়োজনীয় পদক্ষেপ গ্রহণ করা হবে। স্থানীয় বাসিন্দারা জানান, দীর্ঘদিন ধরে এই সমস্যার কোনো সমাধান হয়নি। এ বিষয়ে জেলা প্রশাসক বলেন, দ্রুত ব্যবস্থা নেওয়া হবে। পুলিশের একটি সূত্র জানায়, ঘটনার তদন্ত চলছে এবং জড়িতদের আইনের আওতায় আনা হবে। বিশেষজ্ঞরা মনে করেন, সঠিক পরিকল্পনা ছাড়া এ ধরনের উদ্যোগ সফল হবে না। তারা বলেন, সংশ্লিষ্ট সবাইকে নিয়ে আলোচনা করে সিদ্ধান্ত নিতে হবে। এদিকে ব্যবসায়ীরা অভিযোগ করেন, বাজারে পণ্যের দাম বাড়ছে এবং সাধারণ মানুষ ভোগান্তিতে পড়ছেন। সরকারি কর্মকর্তারা জানান, পরিস্থিতি নিয়ন্ত্রণে রয়েছে এবং শিগগিরই স্বাভাবিক হবে।

রাজধানীতে বৃহস্পতিবার সকালে এক সংবাদ সম্মেলনে তিনি বলেন, সরকার জনগণের স্বার্থে কাজ করছে এবং আগামী দিনগুলোতেও এই ধারা অব্যাহত থাকবে। তিনি আরও জানান, সংশ্লিষ্ট মন্ত্রণালয় বিষয়টি খতিয়ে দেখছে এবং প্রয়োজনীয় পদক্ষেপ গ্রহণ করা হবে। স্থানীয় বাসিন্দারা জানান, দীর্ঘদিন ধরে এই সমস্যার কোনো সমাধান হয়নি। এ বিষয়ে জেলা প্রশাসক বলেন, দ্রুত ব্যবস্থা নেওয়া হবে। পুলিশের একটি সূত্র জানায়, ঘটনার তদন্ত চলছে এবং জড়িতদের আইনের আওতায় আনা হবে। বিশেষজ্ঞরা মনে করেন, সঠিক পরিকল্পনা ছাড়া এ ধরনের উদ্যোগ সফল হবে না। তারা বলেন, সংশ্লিষ্ট সবাইকে নিয়ে আলোচনা করে সিদ্ধান্ত নিতে হবে। এদিকে ব্যবসায়ীরা অভিযোগ করেন, বাজারে পণ্যের দাম বাড়ছে এবং সাধারণ মানুষ ভোগান্তিতে পড়ছেন। সরকারি কর্মকর্তারা জানান, পরিস্থিতি নিয়ন্ত্রণে রয়েছে এবং শিগগিরই স্বাভাবিক হবে।

রাজধানীতে বৃহস্পতিবার সকালে এক সংবাদ সম্মেলনে তিনি বলেন, সরকার জনগণের স্বার্থে কাজ করছে এবং আগামী দিনগুলোতেও এই ধারা অব্যাহত থাকবে। তিনি আরও জানান, সংশ্লিষ্ট মন্ত্রণালয় বিষয়টি খতিয়ে দেখছে এবং প্রয়োজনীয় পদক্ষেপ গ্রহণ করা হবে। স্থানীয় বাসিন্দারা জানান, দীর্ঘদিন ধরে এই সমস্যার কোনো সমাধান হয়নি। এ বিষয়ে জেলা প্রশাসক বলেন, দ্রুত ব্যবস্থা নেওয়া হবে। পুলিশের একটি সূত্র জানায়, ঘটনার তদন্ত চলছে এবং জড়িতদের আইনের আওতায় আনা হবে। বিশেষজ্ঞরা মনে করেন, সঠিক পরিকল্পনা ছাড়া এ ধরনের উদ্যোগ সফল হবে না। তারা বলেন, সংশ্লিষ্ট সবাইকে নিয়ে আলোচনা করে সিদ্ধান্ত নিতে হবে। এদিকে ব্যবসায়ীরা অভিযোগ করেন, বাজারে পণ্যের দাম বাড়ছে এবং সাধারণ মানুষ ভোগান্তিতে পড়ছেন। সরকারি কর্মকর্তারা জানান, পরিস্থিতি নিয়ন্ত্রণে রয়েছে এবং শিগগিরই স্বাভাবিক হবে।

রাজধানীতে বৃহস্পতিবার সকালে এক সংবাদ সম্মেলনে তিনি বলেন, সরকার জনগণের স্বার্থে কাজ করছে এবং আগামী দিনগুলোতেও এই ধারা অব্যাহত থাকবে। তিনি আরও জানান, সংশ্লিষ্ট মন্ত্রণালয় বিষয়টি খতিয়ে দেখছে এবং প্রয়োজনীয় পদক্ষেপ গ্রহণ করা হবে। স্থানীয় বাসিন্দারা জানান, দীর্ঘদিন ধরে এই সমস্যার কোনো সমাধান হয়নি। এ বিষয়ে জেলা প্রশাসক বলেন, দ্রুত ব্যবস্থা নেওয়া হবে। পুলিশের একটি সূত্র জানায়, ঘটনার তদন্ত চলছে এবং জড়িতদের আইনের আওতায় আনা হবে। বিশেষজ্ঞরা মনে করেন, সঠিক পরিকল্পনা ছাড়া এ ধরনের উদ্যোগ সফল হবে না। তারা বলেন, সংশ্লিষ্ট সবাইকে নিয়ে আলোচনা করে সিদ্ধান্ত নিতে হবে। এদিকে ব্যবসায়ীরা অভিযোগ করেন, বাজারে পণ্যের দাম বাড়ছে এবং সাধারণ মানুষ ভোগান্তিতে পড়ছেন। সরকারি কর্মকর্তারা জানান, পরিস্থিতি নিয়ন্ত্রণে রয়েছে এবং শিগগিরই স্বাভাবিক হবে।

রাজধানীতে বৃহস্পতিবার সকালে এক সংবাদ সম্মেলনে তিনি বলেন, সরকার জনগণের স্বার্থে কাজ করছে এবং আগামী দিনগুলোতেও এই ধারা অব্যাহত থাকবে। তিনি আরও জানান, সংশ্লিষ্ট মন্ত্রণালয় বিষয়টি খতিয়ে দেখছে এবং প্রয়োজনীয় পদক্ষেপ গ্রহণ করা হবে। স্থানীয় বাসিন্দারা জানান, দীর্ঘদিন ধরে এই সমস্যার কোনো সমাধান হয়নি। এ বিষয়ে জেলা প্রশাসক বলেন, দ্রুত ব্যবস্থা নেওয়া হবে। পুলিশের একটি সূত্র জানায়, ঘটনার তদন্ত চলছে এবং জড়িতদের আইনের আওতায় আনা হবে। বিশেষজ্ঞরা মনে করেন, সঠিক পরিকল্পনা ছাড়া এ ধরনের উদ্যোগ সফল হবে না। তারা বলেন, সংশ্লিষ্ট সবাইকে নিয়ে আলোচনা করে সিদ্ধান্ত নিতে হবে। এদিকে ব্যবসায়ীরা অভিযোগ করেন, বাজারে পণ্যের দাম বাড়ছে এবং সাধারণ মানুষ ভোগান্তিতে পড়ছেন। সরকারি কর্মকর্তারা জানান, পরিস্থিতি নিয়ন্ত্রণে রয়েছে এবং শিগগিরই স্বাভাবিক হবে।

রাজধানীতে বৃহস্পতিবার সকালে এক সংবাদ সম্মেলনে তিনি বলেন, সরকার জনগণের স্বার্থে কাজ করছে এবং আগামী দিনগুলোতেও এই ধারা অব্যাহত থাকবে। তিনি আরও জানান, সংশ্লিষ্ট মন্ত্রণালয় বিষয়টি খতিয়ে দেখছে এবং প্রয়োজনীয় পদক্ষেপ গ্রহণ করা হবে। স্থানীয় বাসিন্দারা জানান, দীর্ঘদিন ধরে এই সমস্যার কোনো সমাধান হয়নি। এ বিষয়ে জেলা প্রশাসক বলেন, দ্রুত ব্যবস্থা নেওয়া হবে। পুলিশের একটি সূত্র জানায়, ঘটনার তদন্ত চলছে এবং জড়িতদের আইনের আওতায় আনা হবে। বিশেষজ্ঞরা মনে করেন, সঠিক পরিকল্পনা ছাড়া এ ধরনের উদ্যোগ সফল হবে না। তারা বলেন, সংশ্লিষ্ট সবাইকে নিয়ে আলোচনা করে সিদ্ধান্ত নিতে হবে। এদিকে ব্যবসায়ীরা অভিযোগ করেন, বাজারে পণ্যের দাম বাড়ছে এবং সাধারণ মানুষ ভোগান্তিতে পড়ছেন। সরকারি কর্মকর্তারা জানান, পরিস্থিতি নিয়ন্ত্রণে রয়েছে এবং শিগগিরই স্বাভাবিক হবে।

রাজধানীতে বৃহস্পতিবার সকালে এক সংবাদ সম্মেলনে তিনি বলেন, সরকার জনগণের স্বার্থে কাজ করছে এবং আগামী দিনগুলোতেও এই ধারা অব্যাহত থাকবে। তিনি আরও জানান, সংশ্লিষ্ট মন্ত্রণালয় বিষয়টি খতিয়ে দেখছে এবং প্রয়োজনীয় পদক্ষেপ গ্রহণ করা হবে। স্থানীয় বাসিন্দারা জানান, দীর্ঘদিন ধরে এই সমস্যার কোনো সমাধান হয়নি। এ বিষয়ে জেলা প্রশাসক বলেন, দ্রুত ব্যবস্থা নেওয়া হবে। পুলিশের একটি সূত্র জানায়, ঘটনার তদন্ত চলছে এবং জড়িতদের আইনের আওতায় আনা হবে। বিশেষজ্ঞরা মনে করেন, সঠিক পরিকল্পনা ছাড়া এ ধরনের উদ্যোগ সফল হবে না। তারা বলেন, সংশ্লিষ্ট সবাইকে নিয়ে আলোচনা করে সিদ্ধান্ত নিতে হবে। এদিকে ব্যবসায়ীরা অভিযোগ করেন, বাজারে পণ্যের দাম বাড়ছে এবং সাধারণ মানুষ ভোগান্তিতে পড়ছেন। সরকারি কর্মকর্তারা জানান, পরিস্থিতি নিয়ন্ত্রণে রয়েছে এবং শিগগিরই স্বাভাবিক হবে।

রাজধানীতে বৃহস্পতিবার সকালে এক সংবাদ সম্মেলনে তিনি বলেন, সরকার জনগণের স্বার্থে কাজ করছে এবং আগামী দিনগুলোতেও এই ধারা অব্যাহত থাকবে। তিনি আরও জানান, সংশ্লিষ্ট মন্ত্রণালয় বিষয়টি খতিয়ে দেখছে এবং প্রয়োজনীয় পদক্ষেপ গ্রহণ করা হবে। স্থানীয় বাসিন্দারা জানান, দীর্ঘদিন ধরে এই সমস্যার কোনো সমাধান হয়নি। এ বিষয়ে জেলা প্রশাসক বলেন, দ্রুত ব্যবস্থা নেওয়া হবে। পুলিশের একটি সূত্র জানায়, ঘটনার তদন্ত চলছে এবং জড়িতদের আইনের আওতায় আনা হবে। বিশেষজ্ঞরা মনে করেন, সঠিক পরিকল্পনা ছাড়া এ ধরনের উদ্যোগ সফল হবে না। তারা বলেন, সংশ্লিষ্ট সবাইকে নিয়ে আলোচনা করে সিদ্ধান্ত নিতে হবে। এদিকে ব্যবসায়ীরা অভিযোগ করেন, বাজারে পণ্যের দাম বাড়ছে এবং সাধারণ মানুষ ভোগান্তিতে পড়ছেন। সরকারি কর্মকর্তারা জানান, পরিস্থিতি নিয়ন্ত্রণে রয়েছে এবং শিগগিরই স্বাভাবিক হবে।

রাজধানীতে বৃহস্পতিবার সকালে এক সংবাদ সম্মেলনে তিনি বলেন, সরকার জনগণের স্বার্থে কাজ করছে এবং আগামী দিনগুলোতেও এই ধারা অব্যাহত থাকবে। তিনি আরও জানান, সংশ্লিষ্ট মন্ত্রণালয় বিষয়টি খতিয়ে দেখছে এবং প্রয়োজনীয় পদক্ষেপ গ্রহণ করা হবে। স্থানীয় বাসিন্দারা জানান, দীর্ঘদিন ধরে এই সমস্যার কোনো সমাধান হয়নি। এ বিষয়ে জেলা প্রশাসক বলেন, দ্রুত ব্যবস্থা নেওয়া হবে। পুলিশের একটি সূত্র জানায়, ঘটনার তদন্ত চলছে এবং জড়িতদের আইনের আওতায় আনা হবে। বিশেষজ্ঞরা মনে করেন, সঠিক পরিকল্পনা ছাড়া এ ধরনের উদ্যোগ সফল হবে না। তারা বলেন, সংশ্লিষ্ট সবাইকে নিয়ে আলোচনা করে সিদ্ধান্ত নিতে হবে। এদিকে ব্যবসায়ীরা অভিযোগ করেন, বাজারে পণ্যের দাম বাড়ছে এবং সাধারণ মানুষ ভোগান্তিতে পড়ছেন। সরকারি কর্মকর্তারা জানান, পরিস্থিতি নিয়ন্ত্রণে রয়েছে এবং শিগগিরই স্বাভাবিক হবে।

জুলাই সনদ বাস্তবায়ন হলে
প্রথম পৃষ্ঠার পর

রাজধানীতে বৃহস্পতিবার সকালে এক সংবাদ সম্মেলনে তিনি বলেন, সরকার জনগণের স্বার্থে কাজ করছে এবং আগামী দিনগুলোতেও এই ধারা অব্যাহত থাকবে। তিনি আরও জানান, সংশ্লিষ্ট মন্ত্রণালয় বিষয়টি খতিয়ে দেখছে এবং প্রয়োজনীয় পদক্ষেপ গ্রহণ করা হবে। স্থানীয় বাসিন্দারা জানান, দীর্ঘদিন ধরে এই সমস্যার কোনো সমাধান হয়নি। এ বিষয়ে জেলা প্রশাসক বলেন, দ্রুত ব্যবস্থা নেওয়া হবে। পুলিশের একটি সূত্র জানায়, ঘটনার তদন্ত চলছে এবং জড়িতদের আইনের আওতায় আনা হবে। বিশেষজ্ঞরা মনে করেন, সঠিক পরিকল্পনা ছাড়া এ ধরনের উদ্যোগ সফল হবে না। তারা বলেন, সংশ্লিষ্ট সবাইকে নিয়ে আলোচনা করে সিদ্ধান্ত নিতে হবে। এদিকে ব্যবসায়ীরা অভিযোগ করেন, বাজারে পণ্যের দাম বাড়ছে এবং সাধারণ মানুষ ভোগান্তিতে পড়ছেন। সরকারি কর্মকর্তারা জানান, পরিস্থিতি নিয়ন্ত্রণে রয়েছে এবং শিগগিরই স্বাভাবিক হবে।

রাজধানীতে বৃহস্পতিবার সকালে এক সংবাদ সম্মেলনে তিনি বলেন, সরকার জনগণের স্বার্থে কাজ করছে এবং আগামী দিনগুলোতেও এই ধারা অব্যাহত থাকবে। তিনি আরও জানান, সংশ্লিষ্ট মন্ত্রণালয় বিষয়টি খতিয়ে দেখছে এবং প্রয়োজনীয় পদক্ষেপ গ্রহণ করা হবে। স্থানীয় বাসিন্দারা জানান, দীর্ঘদিন ধরে এই সমস্যার কোনো সমাধান হয়নি। এ বিষয়ে জেলা প্রশাসক বলেন, দ্রুত ব্যবস্থা নেওয়া হবে। পুলিশের একটি সূত্র জানায়, ঘটনার তদন্ত চলছে এবং জড়িতদের আইনের আওতায় আনা হবে। বিশেষজ্ঞরা মনে করেন, সঠিক পরিকল্পনা ছাড়া এ ধরনের উদ্যোগ সফল হবে না। তারা বলেন, সংশ্লিষ্ট সবাইকে নিয়ে আলোচনা করে সিদ্ধান্ত নিতে হবে। এদিকে ব্যবসায়ীরা অভিযোগ করেন, বাজারে পণ্যের দাম বাড়ছে এবং সাধারণ মানুষ ভোগান্তিতে পড়ছেন। সরকারি কর্মকর্তারা জানান, পরিস্থিতি নিয়ন্ত্রণে রয়েছে এবং শিগগিরই স্বাভাবিক হবে।

রাজধানীতে বৃহস্পতিবার সকালে এক সংবাদ সম্মেলনে তিনি বলেন, সরকার জনগণের স্বার্থে কাজ করছে এবং আগামী দিনগুলোতেও এই ধারা অব্যাহত থাকবে। তিনি আরও জানান, সংশ্লিষ্ট মন্ত্রণালয় বিষয়টি খতিয়ে দেখছে এবং প্রয়োজনীয় পদক্ষেপ গ্রহণ করা হবে। স্থানীয় বাসিন্দারা জানান, দীর্ঘদিন ধরে এই সমস্যার কোনো সমাধান হয়নি। এ বিষয়ে জেলা প্রশাসক বলেন, দ্রুত ব্যবস্থা নেওয়া হবে। পুলিশের একটি সূত্র জানায়, ঘটনার তদন্ত চলছে এবং জড়িতদের আইনের আওতায় আনা হবে। বিশেষজ্ঞরা মনে করেন, সঠিক পরিকল্পনা ছাড়া এ ধরনের উদ্যোগ সফল হবে না। তারা বলেন, সংশ্লিষ্ট সবাইকে নিয়ে আলোচনা করে সিদ্ধান্ত নিতে হবে। এদিকে ব্যবসায়ীরা অভিযোগ করেন, বাজারে পণ্যের দাম বাড়ছে এবং সাধারণ মানুষ ভোগান্তিতে পড়ছেন। সরকারি কর্মকর্তারা জানান, পরিস্থিতি নিয়ন্ত্রণে রয়েছে এবং শিগগিরই স্বাভাবিক হবে।

রাজধানীতে বৃহস্পতিবার সকালে এক সংবাদ সম্মেলনে তিনি বলেন, সরকার জনগণের স্বার্থে কাজ করছে এবং আগামী দিনগুলোতেও এই ধারা অব্যাহত থাকবে। তিনি আরও জানান, সংশ্লিষ্ট মন্ত্রণালয় বিষয়টি খতিয়ে দেখছে এবং প্রয়োজনীয় পদক্ষেপ গ্রহণ করা হবে। স্থানীয় বাসিন্দারা জানান, দীর্ঘদিন ধরে এই সমস্যার কোনো সমাধান হয়নি। এ বিষয়ে জেলা প্রশাসক বলেন, দ্রুত ব্যবস্থা নেওয়া হবে। পুলিশের একটি সূত্র জানায়, ঘটনার তদন্ত চলছে এবং জড়িতদের আইনের আওতায় আনা হবে। বিশেষজ্ঞরা মনে করেন, সঠিক পরিকল্পনা ছাড়া এ ধরনের উদ্যোগ সফল হবে না। তারা বলেন, সংশ্লিষ্ট সবাইকে নিয়ে আলোচনা করে সিদ্ধান্ত নিতে হবে। এদিকে ব্যবসায়ীরা অভিযোগ করেন, বাজারে পণ্যের দাম বাড়ছে এবং সাধারণ মানুষ ভোগান্তিতে পড়ছেন। সরকারি কর্মকর্তারা জানান, পরিস্থিতি নিয়ন্ত্রণে রয়েছে এবং শিগগিরই স্বাভাবিক হবে।

সাবেক ভূমিমন্ত্রী-অর্থ
প্রথম পৃষ্ঠার পর

রাজধানীতে বৃহস্পতিবার সকালে এক সংবাদ সম্মেলনে তিনি বলেন, সরকার জনগণের স্বার্থে কাজ করছে এবং আগামী দিনগুলোতেও এই ধারা অব্যাহত থাকবে। তিনি আরও জানান, সংশ্লিষ্ট মন্ত্রণালয় বিষয়টি খতিয়ে দেখছে এবং প্রয়োজনীয় পদক্ষেপ গ্রহণ করা হবে। স্থানীয় বাসিন্দারা জানান, দীর্ঘদিন ধরে এই সমস্যার কোনো সমাধান হয়নি। এ বিষয়ে জেলা প্রশাসক বলেন, দ্রুত ব্যবস্থা নেওয়া হবে। পুলিশের একটি সূত্র জানায়, ঘটনার তদন্ত চলছে এবং জড়িতদের আইনের আওতায় আনা হবে। বিশেষজ্ঞরা মনে করেন, সঠিক পরিকল্পনা ছাড়া এ ধরনের উদ্যোগ সফল হবে না। তারা বলেন, সংশ্লিষ্ট সবাইকে নিয়ে আলোচনা করে সিদ্ধান্ত নিতে হবে। এদিকে ব্যবসায়ীরা অভিযোগ করেন, বাজারে পণ্যের দাম বাড়ছে এবং সাধারণ মানুষ ভোগান্তিতে পড়ছেন। সরকারি কর্মকর্তারা জানান, পরিস্থিতি নিয়ন্ত্রণে রয়েছে এবং শিগগিরই স্বাভাবিক হবে।

রাজধানীতে বৃহস্পতিবার সকালে এক সংবাদ সম্মেলনে তিনি বলেন, সরকার জনগণের স্বার্থে কাজ করছে এবং আগামী দিনগুলোতেও এই ধারা অব্যাহত থাকবে। তিনি আরও জানান, সংশ্লিষ্ট মন্ত্রণালয় বিষয়টি খতিয়ে দেখছে এবং প্রয়োজনীয় পদক্ষেপ গ্রহণ করা হবে। স্থানীয় বাসিন্দারা জানান, দীর্ঘদিন ধরে এই সমস্যার কোনো সমাধান হয়নি। এ বিষয়ে জেলা প্রশাসক বলেন, দ্রুত ব্যবস্থা নেওয়া হবে। পুলিশের একটি সূত্র জানায়, ঘটনার তদন্ত চলছে এবং জড়িতদের আইনের আওতায় আনা হবে। বিশেষজ্ঞরা মনে করেন, সঠিক পরিকল্পনা ছাড়া এ ধরনের উদ্যোগ সফল হবে না। তারা বলেন, সংশ্লিষ্ট সবাইকে নিয়ে আলোচনা করে সিদ্ধান্ত নিতে হবে। এদিকে ব্যবসায়ীরা অভিযোগ করেন, বাজারে পণ্যের দাম বাড়ছে এবং সাধারণ মানুষ ভোগান্তিতে পড়ছেন। সরকারি কর্মকর্তারা জানান, পরিস্থিতি নিয়ন্ত্রণে রয়েছে এবং শিগগিরই স্বাভাবিক হবে।

রাজধানীতে বৃহস্পতিবার সকালে এক সংবাদ সম্মেলনে তিনি বলেন, সরকার জনগণের স্বার্থে কাজ করছে এবং আগামী দিনগুলোতেও এই ধারা অব্যাহত থাকবে। তিনি আরও জানান, সংশ্লিষ্ট মন্ত্রণালয় বিষয়টি খতিয়ে দেখছে এবং প্রয়োজনীয় পদক্ষেপ গ্রহণ করা হবে। স্থানীয় বাসিন্দারা জানান, দীর্ঘদিন ধরে এই সমস্যার কোনো সমাধান হয়নি। এ বিষয়ে জেলা প্রশাসক বলেন, দ্রুত ব্যবস্থা নেওয়া হবে। পুলিশের একটি সূত্র জানায়, ঘটনার তদন্ত চলছে এবং জড়িতদের আইনের আওতায় আনা হবে। বিশেষজ্ঞরা মনে করেন, সঠিক পরিকল্পনা ছাড়া এ ধরনের উদ্যোগ সফল হবে না। তারা বলেন, সংশ্লিষ্ট সবাইকে নিয়ে আলোচনা করে সিদ্ধান্ত নিতে হবে। এদিকে ব্যবসায়ীরা অভিযোগ করেন, বাজারে পণ্যের দাম বাড়ছে এবং সাধারণ মানুষ ভোগান্তিতে পড়ছেন। সরকারি কর্মকর্তারা জানান, পরিস্থিতি নিয়ন্ত্রণে রয়েছে এবং শিগগিরই স্বাভাবিক হবে।

রাজধানীতে বৃহস্পতিবার সকালে এক সংবাদ সম্মেলনে তিনি বলেন, সরকার জনগণের স্বার্থে কাজ করছে এবং আগামী দিনগুলোতেও এই ধারা অব্যাহত থাকবে। তিনি আরও জানান, সংশ্লিষ্ট মন্ত্রণালয় বিষয়টি খতিয়ে দেখছে এবং প্রয়োজনীয় পদক্ষেপ গ্রহণ করা হবে। স্থানীয় বাসিন্দারা জানান, দীর্ঘদিন ধরে এই সমস্যার কোনো সমাধান হয়নি। এ বিষয়ে জেলা প্রশাসক বলেন, দ্রুত ব্যবস্থা নেওয়া হবে। পুলিশের একটি সূত্র জানায়, ঘটনার তদন্ত চলছে এবং জড়িতদের আইনের আওতায় আনা হবে। বিশেষজ্ঞরা মনে করেন, সঠিক পরিকল্পনা ছাড়া এ ধরনের উদ্যোগ সফল হবে না। তারা বলেন, সংশ্লিষ্ট সবাইকে নিয়ে আলোচনা করে সিদ্ধান্ত নিতে হবে। এদিকে ব্যবসায়ীরা অভিযোগ করেন, বাজারে পণ্যের দাম বাড়ছে এবং সাধারণ মানুষ ভোগান্তিতে পড়ছেন। সরকারি কর্মকর্তারা জানান, পরিস্থিতি নিয়ন্ত্রণে রয়েছে এবং শিগগিরই স্বাভাবিক হবে।

কুমিল্লায় বাসা থেকে নারীর
প্রথম পৃষ্ঠার পর

রাজধানীতে বৃহস্পতিবার সকালে এক সংবাদ সম্মেলনে তিনি বলেন, সরকার জনগণের স্বার্থে কাজ করছে এবং আগামী দিনগুলোতেও এই ধারা অব্যাহত থাকবে। তিনি আরও জানান, সংশ্লিষ্ট মন্ত্রণালয় বিষয়টি খতিয়ে দেখছে এবং প্রয়োজনীয় পদক্ষেপ গ্রহণ করা হবে। স্থানীয় বাসিন্দারা জানান, দীর্ঘদিন ধরে এই সমস্যার কোনো সমাধান হয়নি। এ বিষয়ে জেলা প্রশাসক বলেন, দ্রুত ব্যবস্থা নেওয়া হবে। পুলিশের একটি সূত্র জানায়, ঘটনার তদন্ত চলছে এবং জড়িতদের আইনের আওতায় আনা হবে। বিশেষজ্ঞরা মনে করেন, সঠিক পরিকল্পনা ছাড়া এ ধরনের উদ্যোগ সফল হবে না। তারা বলেন, সংশ্লিষ্ট সবাইকে নিয়ে আলোচনা করে সিদ্ধান্ত নিতে হবে। এদিকে ব্যবসায়ীরা অভিযোগ করেন, বাজারে পণ্যের দাম বাড়ছে এবং সাধারণ মানুষ ভোগান্তিতে পড়ছেন। সরকারি কর্মকর্তারা জানান, পরিস্থিতি নিয়ন্ত্রণে রয়েছে এবং শিগগিরই স্বাভাবিক হবে।

রাজধানীতে বৃহস্পতিবার সকালে এক সংবাদ সম্মেলনে তিনি বলেন, সরকার জনগণের স্বার্থে কাজ করছে এবং আগামী দিনগুলোতেও এই ধারা অব্যাহত থাকবে। তিনি আরও জানান, সংশ্লিষ্ট মন্ত্রণালয় বিষয়টি খতিয়ে দেখছে এবং প্রয়োজনীয় পদক্ষেপ গ্রহণ করা হবে। স্থানীয় বাসিন্দারা জানান, দীর্ঘদিন ধরে এই সমস্যার কোনো সমাধান হয়নি। এ বিষয়ে জেলা প্রশাসক বলেন, দ্রুত ব্যবস্থা নেওয়া হবে। পুলিশের একটি সূত্র জানায়, ঘটনার তদন্ত চলছে এবং জড়িতদের আইনের আওতায় আনা হবে। বিশেষজ্ঞরা মনে করেন, সঠিক পরিকল্পনা ছাড়া এ ধরনের উদ্যোগ সফল হবে না। তারা বলেন, সংশ্লিষ্ট সবাইকে নিয়ে আলোচনা করে সিদ্ধান্ত নিতে হবে। এদিকে ব্যবসায়ীরা অভিযোগ করেন, বাজারে পণ্যের দাম বাড়ছে এবং সাধারণ মানুষ ভোগান্তিতে পড়ছেন। সরকারি কর্মকর্তারা জানান, পরিস্থিতি নিয়ন্ত্রণে রয়েছে এবং শিগগিরই স্বাভাবিক হবে।

রাজধানীতে বৃহস্পতিবার সকালে এক সংবাদ সম্মেলনে তিনি বলেন, সরকার জনগণের স্বার্থে কাজ করছে এবং আগামী দিনগুলোতেও এই ধারা অব্যাহত থাকবে। তিনি আরও জানান, সংশ্লিষ্ট মন্ত্রণালয় বিষয়টি খতিয়ে দেখছে এবং প্রয়োজনীয় পদক্ষেপ গ্রহণ করা হবে। স্থানীয় বাসিন্দারা জানান, দীর্ঘদিন ধরে এই সমস্যার কোনো সমাধান হয়নি। এ বিষয়ে জেলা প্রশাসক বলেন, দ্রুত ব্যবস্থা নেওয়া হবে। পুলিশের একটি সূত্র জানায়, ঘটনার তদন্ত চলছে এবং জড়িতদের আইনের আওতায় আনা হবে। বিশেষজ্ঞরা মনে করেন, সঠিক পরিকল্পনা ছাড়া এ ধরনের উদ্যোগ সফল হবে না। তারা বলেন, সংশ্লিষ্ট সবাইকে নিয়ে আলোচনা করে সিদ্ধান্ত নিতে হবে। এদিকে ব্যবসায়ীরা অভিযোগ করেন, বাজারে পণ্যের দাম বাড়ছে এবং সাধারণ মানুষ ভোগান্তিতে পড়ছেন। সরকারি কর্মকর্তারা জানান, পরিস্থিতি নিয়ন্ত্রণে রয়েছে এবং শিগগিরই স্বাভাবিক হবে।

বিদেশি বিনিয়োগকারীদের জন্য
প্রথম পৃষ্ঠার পর

রাজধানীতে বৃহস্পতিবার সকালে এক সংবাদ সম্মেলনে তিনি বলেন, সরকার জনগণের স্বার্থে কাজ করছে এবং আগামী দিনগুলোতেও এই ধারা অব্যাহত থাকবে। তিনি আরও জানান, সংশ্লিষ্ট মন্ত্রণালয় বিষয়টি খতিয়ে দেখছে এবং প্রয়োজনীয় পদক্ষেপ গ্রহণ করা হবে। স্থানীয় বাসিন্দারা জানান, দীর্ঘদিন ধরে এই সমস্যার কোনো সমাধান হয়নি। এ বিষয়ে জেলা প্রশাসক বলেন, দ্রুত ব্যবস্থা নেওয়া হবে। পুলিশের একটি সূত্র জানায়, ঘটনার তদন্ত চলছে এবং জড়িতদের আইনের আওতায় আনা হবে। বিশেষজ্ঞরা মনে করেন, সঠিক পরিকল্পনা ছাড়া এ ধরনের উদ্যোগ সফল হবে না। তারা বলেন, সংশ্লিষ্ট সবাইকে নিয়ে আলোচনা করে সিদ্ধান্ত নিতে হবে। এদিকে ব্যবসায়ীরা অভিযোগ করেন, বাজারে পণ্যের দাম বাড়ছে এবং সাধারণ মানুষ ভোগান্তিতে পড়ছেন। সরকারি কর্মকর্তারা জানান, পরিস্থিতি নিয়ন্ত্রণে রয়েছে এবং শিগগিরই স্বাভাবিক হবে।

রাজধানীতে বৃহস্পতিবার সকালে এক সংবাদ সম্মেলনে তিনি বলেন, সরকার জনগণের স্বার্থে কাজ করছে এবং আগামী দিনগুলোতেও এই ধারা অব্যাহত থাকবে। তিনি আরও জানান, সংশ্লিষ্ট মন্ত্রণালয় বিষয়টি খতিয়ে দেখছে এবং প্রয়োজনীয় পদক্ষেপ গ্রহণ করা হবে। স্থানীয় বাসিন্দারা জানান, দীর্ঘদিন ধরে এই সমস্যার কোনো সমাধান হয়নি। এ বিষয়ে জেলা প্রশাসক বলেন, দ্রুত ব্যবস্থা নেওয়া হবে। পুলিশের একটি সূত্র জানায়, ঘটনার তদন্ত চলছে এবং জড়িতদের আইনের আওতায় আনা হবে। বিশেষজ্ঞরা মনে করেন, সঠিক পরিকল্পনা ছাড়া এ ধরনের উদ্যোগ সফল হবে না। তারা বলেন, সংশ্লিষ্ট সবাইকে নিয়ে আলোচনা করে সিদ্ধান্ত নিতে হবে। এদিকে ব্যবসায়ীরা অভিযোগ করেন, বাজারে পণ্যের দাম বাড়ছে এবং সাধারণ মানুষ ভোগান্তিতে পড়ছেন। সরকারি কর্মকর্তারা জানান, পরিস্থিতি নিয়ন্ত্রণে রয়েছে এবং শিগগিরই স্বাভাবিক হবে।

চাঁদপুর মতলবে ৩১ দফা
প্রথম পৃষ্ঠার পর

রাজধানীতে বৃহস্পতিবার সকালে এক সংবাদ সম্মেলনে তিনি বলেন, সরকার জনগণের স্বার্থে কাজ করছে এবং আগামী দিনগুলোতেও এই ধারা অব্যাহত থাকবে। তিনি আরও জানান, সংশ্লিষ্ট মন্ত্রণালয় বিষয়টি খতিয়ে দেখছে এবং প্রয়োজনীয় পদক্ষেপ গ্রহণ করা হবে। স্থানীয় বাসিন্দারা জানান, দীর্ঘদিন ধরে এই সমস্যার কোনো সমাধান হয়নি। এ বিষয়ে জেলা প্রশাসক বলেন, দ্রুত ব্যবস্থা নেওয়া হবে। পুলিশের একটি সূত্র জানায়, ঘটনার তদন্ত চলছে এবং জড়িতদের আইনের আওতায় আনা হবে। বিশেষজ্ঞরা মনে করেন, সঠিক পরিকল্পনা ছাড়া এ ধরনের উদ্যোগ সফল হবে না। তারা বলেন, সংশ্লিষ্ট সবাইকে নিয়ে আলোচনা করে সিদ্ধান্ত নিতে হবে। এদিকে ব্যবসায়ীরা অভিযোগ করেন, বাজারে পণ্যের দাম বাড়ছে এবং সাধারণ মানুষ ভোগান্তিতে পড়ছেন। সরকারি কর্মকর্তারা জানান, পরিস্থিতি নিয়ন্ত্রণে রয়েছে এবং শিগগিরই স্বাভাবিক হবে।

রাজধানীতে বৃহস্পতিবার সকালে এক সংবাদ সম্মেলনে তিনি বলেন, সরকার জনগণের স্বার্থে কাজ করছে এবং আগামী দিনগুলোতেও এই ধারা অব্যাহত থাকবে। তিনি আরও জানান, সংশ্লিষ্ট মন্ত্রণালয় বিষয়টি খতিয়ে দেখছে এবং প্রয়োজনীয় পদক্ষেপ গ্রহণ করা হবে। স্থানীয় বাসিন্দারা জানান, দীর্ঘদিন ধরে এই সমস্যার কোনো সমাধান হয়নি। এ বিষয়ে জেলা প্রশাসক বলেন, দ্রুত ব্যবস্থা নেওয়া হবে। পুলিশের একটি সূত্র জানায়, ঘটনার তদন্ত চলছে এবং জড়িতদের আইনের আওতায় আনা হবে। বিশেষজ্ঞরা মনে করেন, সঠিক পরিকল্পনা ছাড়া এ ধরনের উদ্যোগ সফল হবে না। তারা বলেন, সংশ্লিষ্ট সবাইকে নিয়ে আলোচনা করে সিদ্ধান্ত নিতে হবে। এদিকে ব্যবসায়ীরা অভিযোগ করেন, বাজারে পণ্যের দাম বাড়ছে এবং সাধারণ মানুষ ভোগান্তিতে পড়ছেন। সরকারি কর্মকর্তারা জানান, পরিস্থিতি নিয়ন্ত্রণে রয়েছে এবং শিগগিরই স্বাভাবিক হবে।

রাজধানীতে বৃহস্পতিবার সকালে এক সংবাদ সম্মেলনে তিনি বলেন, সরকার জনগণের স্বার্থে কাজ করছে এবং আগামী দিনগুলোতেও এই ধারা অব্যাহত থাকবে। তিনি আরও জানান, সংশ্লিষ্ট মন্ত্রণালয় বিষয়টি খতিয়ে দেখছে এবং প্রয়োজনীয় পদক্ষেপ গ্রহণ করা হবে। স্থানীয় বাসিন্দারা জানান, দীর্ঘদিন ধরে এই সমস্যার কোনো সমাধান হয়নি। এ বিষয়ে জেলা প্রশাসক বলেন, দ্রুত ব্যবস্থা নেওয়া হবে। পুলিশের একটি সূত্র জানায়, ঘটনার তদন্ত চলছে এবং জড়িতদের আইনের আওতায় আনা হবে। বিশেষজ্ঞরা মনে করেন, সঠিক পরিকল্পনা ছাড়া এ ধরনের উদ্যোগ সফল হবে না। তারা বলেন, সংশ্লিষ্ট সবাইকে নিয়ে আলোচনা করে সিদ্ধান্ত নিতে হবে। এদিকে ব্যবসায়ীরা অভিযোগ করেন, বাজারে পণ্যের দাম বাড়ছে এবং সাধারণ মানুষ ভোগান্তিতে পড়ছেন। সরকারি কর্মকর্তারা জানান, পরিস্থিতি নিয়ন্ত্রণে রয়েছে এবং শিগগিরই স্বাভাবিক হবে।

রাজধানীতে বৃহস্পতিবার সকালে এক সংবাদ সম্মেলনে তিনি বলেন, সরকার জনগণের স্বার্থে কাজ করছে এবং আগামী দিনগুলোতেও এই ধারা অব্যাহত থাকবে। তিনি আরও জানান, সংশ্লিষ্ট মন্ত্রণালয় বিষয়টি খতিয়ে দেখছে এবং প্রয়োজনীয় পদক্ষেপ গ্রহণ করা হবে। স্থানীয় বাসিন্দারা জানান, দীর্ঘদিন ধরে এই সমস্যার কোনো সমাধান হয়নি। এ বিষয়ে জেলা প্রশাসক বলেন, দ্রুত ব্যবস্থা নেওয়া হবে। পুলিশের একটি সূত্র জানায়, ঘটনার তদন্ত চলছে এবং জড়িতদের আইনের আওতায় আনা হবে। বিশেষজ্ঞরা মনে করেন, সঠিক পরিকল্পনা ছাড়া এ ধরনের উদ্যোগ সফল হবে না। তারা বলেন, সংশ্লিষ্ট সবাইকে নিয়ে আলোচনা করে সিদ্ধান্ত নিতে হবে। এদিকে ব্যবসায়ীরা অভিযোগ করেন, বাজারে পণ্যের দাম বাড়ছে এবং সাধারণ মানুষ ভোগান্তিতে পড়ছেন। সরকারি কর্মকর্তারা জানান, পরিস্থিতি নিয়ন্ত্রণে রয়েছে এবং শিগগিরই স্বাভাবিক হবে।

রাজধানীতে বৃহস্পতিবার সকালে এক সংবাদ সম্মেলনে তিনি বলেন, সরকার জনগণের স্বার্থে কাজ করছে এবং আগামী দিনগুলোতেও এই ধারা অব্যাহত থাকবে। তিনি আরও জানান, সংশ্লিষ্ট মন্ত্রণালয় বিষয়টি খতিয়ে দেখছে এবং প্রয়োজনীয় পদক্ষেপ গ্রহণ করা হবে। স্থানীয় বাসিন্দারা জানান, দীর্ঘদিন ধরে এই সমস্যার কোনো সমাধান হয়নি। এ বিষয়ে জেলা প্রশাসক বলেন, দ্রুত ব্যবস্থা নেওয়া হবে। পুলিশের একটি সূত্র জানায়, ঘটনার তদন্ত চলছে এবং জড়িতদের আইনের আওতায় আনা হবে। বিশেষজ্ঞরা মনে করেন, সঠিক পরিকল্পনা ছাড়া এ ধরনের উদ্যোগ সফল হবে না। তারা বলেন, সংশ্লিষ্ট সবাইকে নিয়ে আলোচনা করে সিদ্ধান্ত নিতে হবে। এদিকে ব্যবসায়ীরা অভিযোগ করেন, বাজারে পণ্যের দাম বাড়ছে এবং সাধারণ মানুষ ভোগান্তিতে পড়ছেন। সরকারি কর্মকর্তারা জানান, পরিস্থিতি নিয়ন্ত্রণে রয়েছে এবং শিগগিরই স্বাভাবিক হবে।

রাজধানীতে বৃহস্পতিবার সকালে এক সংবাদ সম্মেলনে তিনি বলেন, সরকার জনগণের স্বার্থে কাজ করছে এবং আগামী দিনগুলোতেও এই ধারা অব্যাহত থাকবে। তিনি আরও জানান, সংশ্লিষ্ট মন্ত্রণালয় বিষয়টি খতিয়ে দেখছে এবং প্রয়োজনীয় পদক্ষেপ গ্রহণ করা হবে। স্থানীয় বাসিন্দারা জানান, দীর্ঘদিন ধরে এই সমস্যার কোনো সমাধান হয়নি। এ বিষয়ে জেলা প্রশাসক বলেন, দ্রুত ব্যবস্থা নেওয়া হবে। পুলিশের একটি সূত্র জানায়, ঘটনার তদন্ত চলছে এবং জড়িতদের আইনের আওতায় আনা হবে। বিশেষজ্ঞরা মনে করেন, সঠিক পরিকল্পনা ছাড়া এ ধরনের উদ্যোগ সফল হবে না। তারা বলেন, সংশ্লিষ্ট সবাইকে নিয়ে আলোচনা করে সিদ্ধান্ত নিতে হবে। এদিকে ব্যবসায়ীরা অভিযোগ করেন, বাজারে পণ্যের দাম বাড়ছে এবং সাধারণ মানুষ ভোগান্তিতে পড়ছেন। সরকারি কর্মকর্তারা জানান, পরিস্থিতি নিয়ন্ত্রণে রয়েছে এবং শিগগিরই স্বাভাবিক হবে।

রাজধানীতে বৃহস্পতিবার সকালে এক সংবাদ সম্মেলনে তিনি বলেন, সরকার জনগণের স্বার্থে কাজ করছে এবং আগামী দিনগুলোতেও এই ধারা অব্যাহত থাকবে। তিনি আরও জানান, সংশ্লিষ্ট মন্ত্রণালয় বিষয়টি খতিয়ে দেখছে এবং প্রয়োজনীয় পদক্ষেপ গ্রহণ করা হবে। স্থানীয় বাসিন্দারা জানান, দীর্ঘদিন ধরে এই সমস্যার কোনো সমাধান হয়নি। এ বিষয়ে জেলা প্রশাসক বলেন, দ্রুত ব্যবস্থা নেওয়া হবে। পুলিশের একটি সূত্র জানায়, ঘটনার তদন্ত চলছে এবং জড়িতদের আইনের আওতায় আনা হবে। বিশেষজ্ঞরা মনে করেন, সঠিক পরিকল্পনা ছাড়া এ ধরনের উদ্যোগ সফল হবে না। তারা বলেন, সংশ্লিষ্ট সবাইকে নিয়ে আলোচনা করে সিদ্ধান্ত নিতে হবে। এদিকে ব্যবসায়ীরা অভিযোগ করেন, বাজারে পণ্যের দাম বাড়ছে এবং সাধারণ মানুষ ভোগান্তিতে পড়ছেন। সরকারি কর্মকর্তারা জানান, পরিস্থিতি নিয়ন্ত্রণে রয়েছে এবং শিগগিরই স্বাভাবিক হবে।

সমাজ থেকে মাদক
প্রথম পৃষ্ঠার পর

রাজধানীতে বৃহস্পতিবার সকালে এক সংবাদ সম্মেলনে তিনি বলেন, সরকার জনগণের স্বার্থে কাজ করছে এবং আগামী দিনগুলোতেও এই ধারা অব্যাহত থাকবে। তিনি আরও জানান, সংশ্লিষ্ট মন্ত্রণালয় বিষয়টি খতিয়ে দেখছে এবং প্রয়োজনীয় পদক্ষেপ গ্রহণ করা হবে। স্থানীয় বাসিন্দারা জানান, দীর্ঘদিন ধরে এই সমস্যার কোনো সমাধান হয়নি। এ বিষয়ে জেলা প্রশাসক বলেন, দ্রুত ব্যবস্থা নেওয়া হবে। পুলিশের একটি সূত্র জানায়, ঘটনার তদন্ত চলছে এবং জড়িতদের আইনের আওতায় আনা হবে। বিশেষজ্ঞরা মনে করেন, সঠিক পরিকল্পনা ছাড়া এ ধরনের উদ্যোগ সফল হবে না। তারা বলেন, সংশ্লিষ্ট সবাইকে নিয়ে আলোচনা করে সিদ্ধান্ত নিতে হবে। এদিকে ব্যবসায়ীরা অভিযোগ করেন, বাজারে পণ্যের দাম বাড়ছে এবং সাধারণ মানুষ ভোগান্তিতে পড়ছেন। সরকারি কর্মকর্তারা জানান, পরিস্থিতি নিয়ন্ত্রণে রয়েছে এবং শিগগিরই স্বাভাবিক হবে।

রাজধানীতে বৃহস্পতিবার সকালে এক সংবাদ সম্মেলনে তিনি বলেন, সরকার জনগণের স্বার্থে কাজ করছে এবং আগামী দিনগুলোতেও এই ধারা অব্যাহত থাকবে। তিনি আরও জানান, সংশ্লিষ্ট মন্ত্রণালয় বিষয়টি খতিয়ে দেখছে এবং প্রয়োজনীয় পদক্ষেপ গ্রহণ করা হবে। স্থানীয় বাসিন্দারা জানান, দীর্ঘদিন ধরে এই সমস্যার কোনো সমাধান হয়নি। এ বিষয়ে জেলা প্রশাসক বলেন, দ্রুত ব্যবস্থা নেওয়া হবে। পুলিশের একটি সূত্র জানায়, ঘটনার তদন্ত চলছে এবং জড়িতদের আইনের আওতায় আনা হবে। বিশেষজ্ঞরা মনে করেন, সঠিক পরিকল্পনা ছাড়া এ ধরনের উদ্যোগ সফল হবে না। তারা বলেন, সংশ্লিষ্ট সবাইকে নিয়ে আলোচনা করে সিদ্ধান্ত নিতে হবে। এদিকে ব্যবসায়ীরা অভিযোগ করেন, বাজারে পণ্যের দাম বাড়ছে এবং সাধারণ মানুষ ভোগান্তিতে পড়ছেন। সরকারি কর্মকর্তারা জানান, পরিস্থিতি নিয়ন্ত্রণে রয়েছে এবং শিগগিরই স্বাভাবিক হবে।

নতুন পথ দেখাবেই জুলাই
প্রথম পৃষ্ঠার পর

রাজধানীতে বৃহস্পতিবার সকালে এক সংবাদ সম্মেলনে তিনি বলেন, সরকার জনগণের স্বার্থে কাজ করছে এবং আগামী দিনগুলোতেও এই ধারা অব্যাহত থাকবে। তিনি আরও জানান, সংশ্লিষ্ট মন্ত্রণালয় বিষয়টি খতিয়ে দেখছে এবং প্রয়োজনীয় পদক্ষেপ গ্রহণ করা হবে। স্থানীয় বাসিন্দারা জানান, দীর্ঘদিন ধরে এই সমস্যার কোনো সমাধান হয়নি। এ বিষয়ে জেলা প্রশাসক বলেন, দ্রুত ব্যবস্থা নেওয়া হবে। পুলিশের একটি সূত্র জানায়, ঘটনার তদন্ত চলছে এবং জড়িতদের আইনের আওতায় আনা হবে। বিশেষজ্ঞরা মনে করেন, সঠিক পরিকল্পনা ছাড়া এ ধরনের উদ্যোগ সফল হবে না। তারা বলেন, সংশ্লিষ্ট সবাইকে নিয়ে আলোচনা করে সিদ্ধান্ত নিতে হবে। এদিকে ব্যবসায়ীরা অভিযোগ করেন, বাজারে পণ্যের দাম বাড়ছে এবং সাধারণ মানুষ ভোগান্তিতে পড়ছেন। সরকারি কর্মকর্তারা জানান, পরিস্থিতি নিয়ন্ত্রণে রয়েছে এবং শিগগিরই স্বাভাবিক হবে।

রাজধানীতে বৃহস্পতিবার সকালে এক সংবাদ সম্মেলনে তিনি বলেন, সরকার জনগণের স্বার্থে কাজ করছে এবং আগামী দিনগুলোতেও এই ধারা অব্যাহত থাকবে। তিনি আরও জানান, সংশ্লিষ্ট মন্ত্রণালয় বিষয়টি খতিয়ে দেখছে এবং প্রয়োজনীয় পদক্ষেপ গ্রহণ করা হবে। স্থানীয় বাসিন্দারা জানান, দীর্ঘদিন ধরে এই সমস্যার কোনো সমাধান হয়নি। এ বিষয়ে জেলা প্রশাসক বলেন, দ্রুত ব্যবস্থা নেওয়া হবে। পুলিশের একটি সূত্র জানায়, ঘটনার তদন্ত চলছে এবং জড়িতদের আইনের আওতায় আনা হবে। বিশেষজ্ঞরা মনে করেন, সঠিক পরিকল্পনা ছাড়া এ ধরনের উদ্যোগ সফল হবে না। তারা বলেন, সংশ্লিষ্ট সবাইকে নিয়ে আলোচনা করে সিদ্ধান্ত নিতে হবে। এদিকে ব্যবসায়ীরা অভিযোগ করেন, বাজারে পণ্যের দাম বাড়ছে এবং সাধারণ মানুষ ভোগান্তিতে পড়ছেন। সরকারি কর্মকর্তারা জানান, পরিস্থিতি নিয়ন্ত্রণে রয়েছে এবং শিগগিরই স্বাভাবিক হবে।

রাজধানীতে বৃহস্পতিবার সকালে এক সংবাদ সম্মেলনে তিনি বলেন, সরকার জনগণের স্বার্থে কাজ করছে এবং আগামী দিনগুলোতেও এই ধারা অব্যাহত থাকবে। তিনি আরও জানান, সংশ্লিষ্ট মন্ত্রণালয় বিষয়টি খতিয়ে দেখছে এবং প্রয়োজনীয় পদক্ষেপ গ্রহণ করা হবে। স্থানীয় বাসিন্দারা জানান, দীর্ঘদিন ধরে এই সমস্যার কোনো সমাধান হয়নি। এ বিষয়ে জেলা প্রশাসক বলেন, দ্রুত ব্যবস্থা নেওয়া হবে। পুলিশের একটি সূত্র জানায়, ঘটনার তদন্ত চলছে এবং জড়িতদের আইনের আওতায় আনা হবে। বিশেষজ্ঞরা মনে করেন, সঠিক পরিকল্পনা ছাড়া এ ধরনের উদ্যোগ সফল হবে না। তারা বলেন, সংশ্লিষ্ট সবাইকে নিয়ে আলোচনা করে সিদ্ধান্ত নিতে হবে। এদিকে ব্যবসায়ীরা অভিযোগ করেন, বাজারে পণ্যের দাম বাড়ছে এবং সাধারণ মানুষ ভোগান্তিতে পড়ছেন। সরকারি কর্মকর্তারা জানান, পরিস্থিতি নিয়ন্ত্রণে রয়েছে এবং শিগগিরই স্বাভাবিক হবে।

রাজধানীতে বৃহস্পতিবার সকালে এক সংবাদ সম্মেলনে তিনি বলেন, সরকার জনগণের স্বার্থে কাজ করছে এবং আগামী দিনগুলোতেও এই ধারা অব্যাহত থাকবে। তিনি আরও জানান, সংশ্লিষ্ট মন্ত্রণালয় বিষয়টি খতিয়ে দেখছে এবং প্রয়োজনীয় পদক্ষেপ গ্রহণ করা হবে। স্থানীয় বাসিন্দারা জানান, দীর্ঘদিন ধরে এই সমস্যার কোনো সমাধান হয়নি। এ বিষয়ে জেলা প্রশাসক বলেন, দ্রুত ব্যবস্থা নেওয়া হবে। পুলিশের একটি সূত্র জানায়, ঘটনার তদন্ত চলছে এবং জড়িতদের আইনের আওতায় আনা হবে। বিশেষজ্ঞরা মনে করেন, সঠিক পরিকল্পনা ছাড়া এ ধরনের উদ্যোগ সফল হবে না। তারা বলেন, সংশ্লিষ্ট সবাইকে নিয়ে আলোচনা করে সিদ্ধান্ত নিতে হবে। এদিকে ব্যবসায়ীরা অভিযোগ করেন, বাজারে পণ্যের দাম বাড়ছে এবং সাধারণ মানুষ ভোগান্তিতে পড়ছেন। সরকারি কর্মকর্তারা জানান, পরিস্থিতি নিয়ন্ত্রণে রয়েছে এবং শিগগিরই স্বাভাবিক হবে।
